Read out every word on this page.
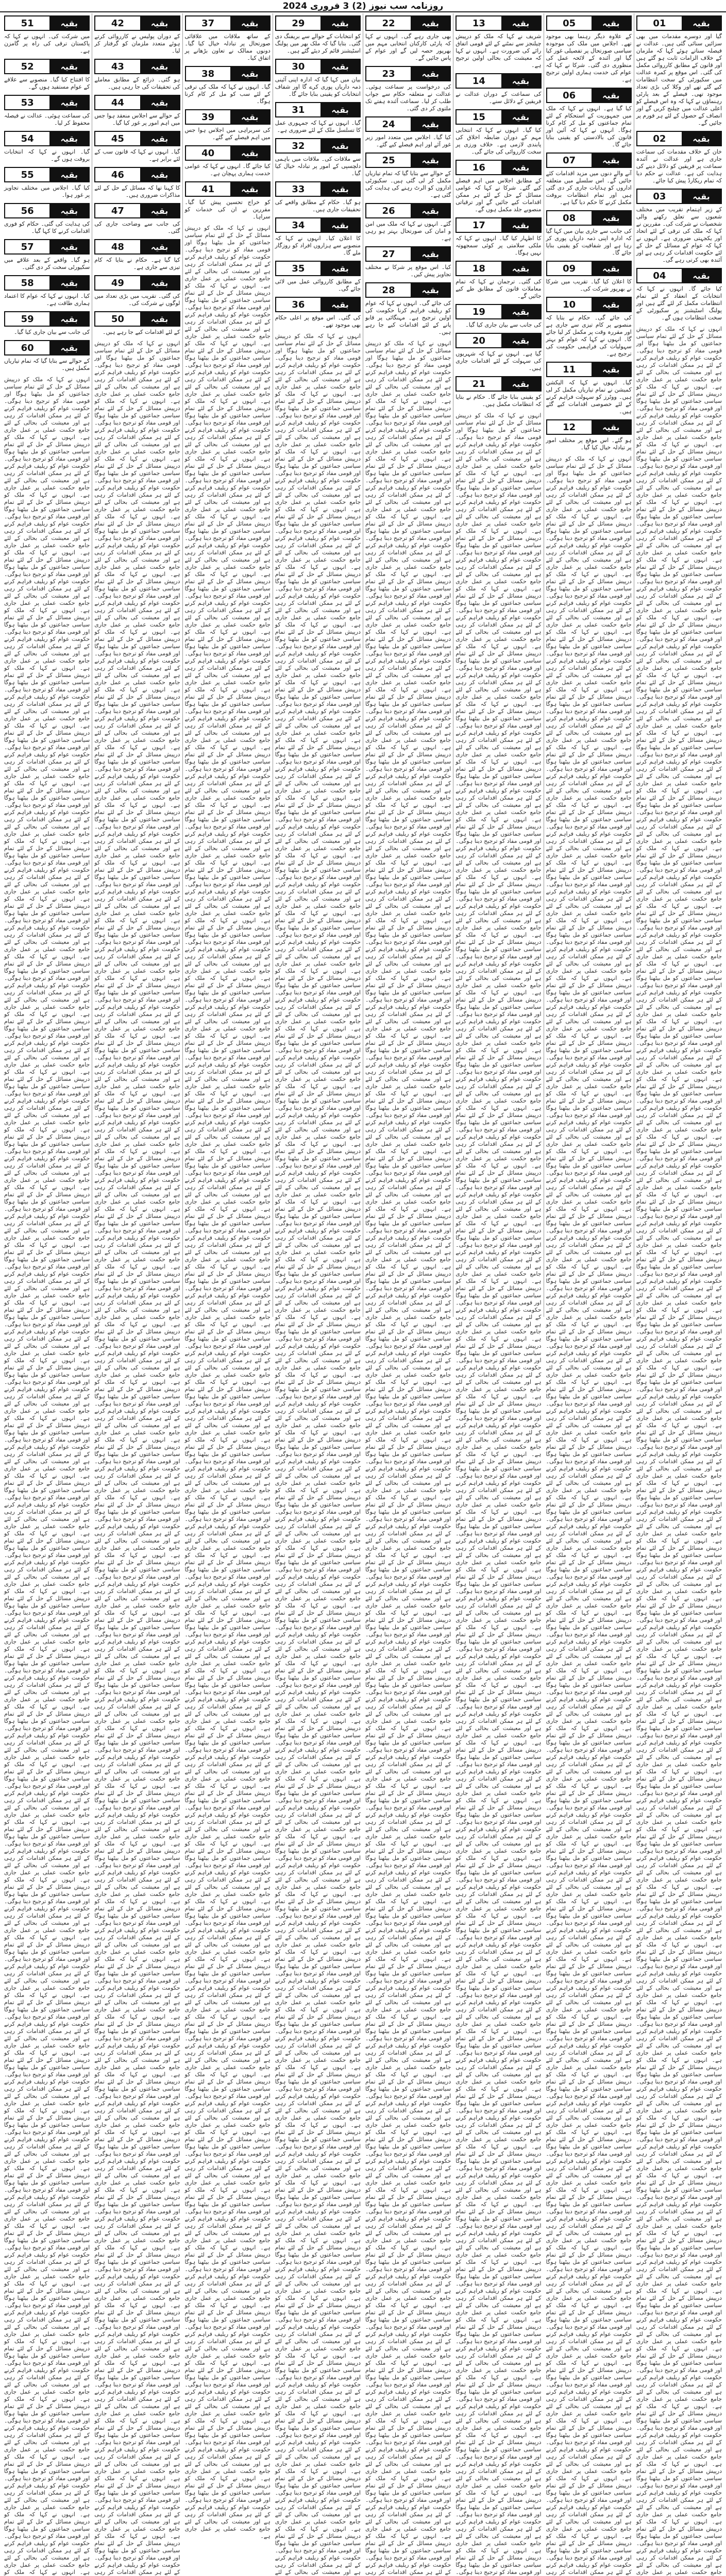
روزنامہ سب نیوز (2) 3 فروری 2024
01	بقیہ
گیا اور دوسرے مقدمات میں بھی سزائیں سنائی گئی ہیں۔ عدالت نے فیصلہ سناتے ہوئے کہا کہ ملزمان کے خلاف الزامات ثابت ہو گئے ہیں اور قانون کے مطابق کارروائی مکمل کی گئی۔ اس موقع پر کمرہ عدالت میں سکیورٹی کے سخت انتظامات کیے گئے تھے اور وکلا کی بڑی تعداد موجود تھی۔ فیصلے کے بعد پارٹی رہنماؤں نے کہا کہ وہ اس فیصلے کو اعلی عدالت میں چیلنج کریں گے اور انصاف کے حصول کے لئے ہر فورم پر جائیں گے۔
02	بقیہ
خان کے خلاف مقدمات کی سماعت جاری ہے اور عدالت نے آئندہ سماعت پر فریقین کو دلائل دینے کی ہدایت کی ہے۔ عدالت نے حکم دیا کہ تمام ریکارڈ پیش کیا جائے۔
03	بقیہ
کے زیر اہتمام تقریب میں مختلف شعبوں سے تعلق رکھنے والی شخصیات نے شرکت کی۔ مقررین نے کہا کہ ملک کی ترقی کے لئے اتحاد اور یکجہتی ضروری ہے۔ انہوں نے کہا کہ عوام کے مسائل کے حل کے لئے حکومت اقدامات کر رہی ہے اور آئندہ بھی کرتی رہے گی۔
04	بقیہ
کیا جائے گا۔ انہوں نے کہا کہ انتخابات کے انعقاد کے لئے تمام انتظامات مکمل کر لئے گئے ہیں اور پولنگ اسٹیشنز پر سکیورٹی کے سخت انتظامات ہوں گے۔
انہوں نے کہا کہ ملک کو درپیش مسائل کے حل کے لئے تمام سیاسی جماعتوں کو مل بیٹھنا ہوگا اور قومی مفاد کو ترجیح دینا ہوگی۔ حکومت عوام کو ریلیف فراہم کرنے کے لئے ہر ممکن اقدامات کر رہی ہے اور معیشت کی بحالی کے لئے جامع حکمت عملی پر عمل جاری ہے۔ انہوں نے کہا کہ ملک کو درپیش مسائل کے حل کے لئے تمام سیاسی جماعتوں کو مل بیٹھنا ہوگا اور قومی مفاد کو ترجیح دینا ہوگی۔ حکومت عوام کو ریلیف فراہم کرنے کے لئے ہر ممکن اقدامات کر رہی ہے اور معیشت کی بحالی کے لئے جامع حکمت عملی پر عمل جاری ہے۔ انہوں نے کہا کہ ملک کو درپیش مسائل کے حل کے لئے تمام سیاسی جماعتوں کو مل بیٹھنا ہوگا اور قومی مفاد کو ترجیح دینا ہوگی۔ حکومت عوام کو ریلیف فراہم کرنے کے لئے ہر ممکن اقدامات کر رہی ہے اور معیشت کی بحالی کے لئے جامع حکمت عملی پر عمل جاری ہے۔ انہوں نے کہا کہ ملک کو درپیش مسائل کے حل کے لئے تمام سیاسی جماعتوں کو مل بیٹھنا ہوگا اور قومی مفاد کو ترجیح دینا ہوگی۔ حکومت عوام کو ریلیف فراہم کرنے کے لئے ہر ممکن اقدامات کر رہی ہے اور معیشت کی بحالی کے لئے جامع حکمت عملی پر عمل جاری ہے۔ انہوں نے کہا کہ ملک کو درپیش مسائل کے حل کے لئے تمام سیاسی جماعتوں کو مل بیٹھنا ہوگا اور قومی مفاد کو ترجیح دینا ہوگی۔ حکومت عوام کو ریلیف فراہم کرنے کے لئے ہر ممکن اقدامات کر رہی ہے اور معیشت کی بحالی کے لئے جامع حکمت عملی پر عمل جاری ہے۔ انہوں نے کہا کہ ملک کو درپیش مسائل کے حل کے لئے تمام سیاسی جماعتوں کو مل بیٹھنا ہوگا اور قومی مفاد کو ترجیح دینا ہوگی۔ حکومت عوام کو ریلیف فراہم کرنے کے لئے ہر ممکن اقدامات کر رہی ہے اور معیشت کی بحالی کے لئے جامع حکمت عملی پر عمل جاری ہے۔ انہوں نے کہا کہ ملک کو درپیش مسائل کے حل کے لئے تمام سیاسی جماعتوں کو مل بیٹھنا ہوگا اور قومی مفاد کو ترجیح دینا ہوگی۔ حکومت عوام کو ریلیف فراہم کرنے کے لئے ہر ممکن اقدامات کر رہی ہے اور معیشت کی بحالی کے لئے جامع حکمت عملی پر عمل جاری ہے۔ انہوں نے کہا کہ ملک کو درپیش مسائل کے حل کے لئے تمام سیاسی جماعتوں کو مل بیٹھنا ہوگا اور قومی مفاد کو ترجیح دینا ہوگی۔ حکومت عوام کو ریلیف فراہم کرنے کے لئے ہر ممکن اقدامات کر رہی ہے اور معیشت کی بحالی کے لئے جامع حکمت عملی پر عمل جاری ہے۔ انہوں نے کہا کہ ملک کو درپیش مسائل کے حل کے لئے تمام سیاسی جماعتوں کو مل بیٹھنا ہوگا اور قومی مفاد کو ترجیح دینا ہوگی۔ حکومت عوام کو ریلیف فراہم کرنے کے لئے ہر ممکن اقدامات کر رہی ہے اور معیشت کی بحالی کے لئے جامع حکمت عملی پر عمل جاری ہے۔ انہوں نے کہا کہ ملک کو درپیش مسائل کے حل کے لئے تمام سیاسی جماعتوں کو مل بیٹھنا ہوگا اور قومی مفاد کو ترجیح دینا ہوگی۔ حکومت عوام کو ریلیف فراہم کرنے کے لئے ہر ممکن اقدامات کر رہی ہے اور معیشت کی بحالی کے لئے جامع حکمت عملی پر عمل جاری ہے۔ انہوں نے کہا کہ ملک کو درپیش مسائل کے حل کے لئے تمام سیاسی جماعتوں کو مل بیٹھنا ہوگا اور قومی مفاد کو ترجیح دینا ہوگی۔ حکومت عوام کو ریلیف فراہم کرنے کے لئے ہر ممکن اقدامات کر رہی ہے اور معیشت کی بحالی کے لئے جامع حکمت عملی پر عمل جاری ہے۔ انہوں نے کہا کہ ملک کو درپیش مسائل کے حل کے لئے تمام سیاسی جماعتوں کو مل بیٹھنا ہوگا اور قومی مفاد کو ترجیح دینا ہوگی۔ حکومت عوام کو ریلیف فراہم کرنے کے لئے ہر ممکن اقدامات کر رہی ہے اور معیشت کی بحالی کے لئے جامع حکمت عملی پر عمل جاری ہے۔ انہوں نے کہا کہ ملک کو درپیش مسائل کے حل کے لئے تمام سیاسی جماعتوں کو مل بیٹھنا ہوگا اور قومی مفاد کو ترجیح دینا ہوگی۔ حکومت عوام کو ریلیف فراہم کرنے کے لئے ہر ممکن اقدامات کر رہی ہے اور معیشت کی بحالی کے لئے جامع حکمت عملی پر عمل جاری ہے۔ انہوں نے کہا کہ ملک کو درپیش مسائل کے حل کے لئے تمام سیاسی جماعتوں کو مل بیٹھنا ہوگا اور قومی مفاد کو ترجیح دینا ہوگی۔ حکومت عوام کو ریلیف فراہم کرنے کے لئے ہر ممکن اقدامات کر رہی ہے اور معیشت کی بحالی کے لئے جامع حکمت عملی پر عمل جاری ہے۔ انہوں نے کہا کہ ملک کو درپیش مسائل کے حل کے لئے تمام سیاسی جماعتوں کو مل بیٹھنا ہوگا اور قومی مفاد کو ترجیح دینا ہوگی۔ حکومت عوام کو ریلیف فراہم کرنے کے لئے ہر ممکن اقدامات کر رہی ہے اور معیشت کی بحالی کے لئے جامع حکمت عملی پر عمل جاری ہے۔ انہوں نے کہا کہ ملک کو درپیش مسائل کے حل کے لئے تمام سیاسی جماعتوں کو مل بیٹھنا ہوگا اور قومی مفاد کو ترجیح دینا ہوگی۔ حکومت عوام کو ریلیف فراہم کرنے کے لئے ہر ممکن اقدامات کر رہی ہے اور معیشت کی بحالی کے لئے جامع حکمت عملی پر عمل جاری ہے۔ انہوں نے کہا کہ ملک کو درپیش مسائل کے حل کے لئے تمام سیاسی جماعتوں کو مل بیٹھنا ہوگا اور قومی مفاد کو ترجیح دینا ہوگی۔ حکومت عوام کو ریلیف فراہم کرنے کے لئے ہر ممکن اقدامات کر رہی ہے اور معیشت کی بحالی کے لئے جامع حکمت عملی پر عمل جاری ہے۔ انہوں نے کہا کہ ملک کو درپیش مسائل کے حل کے لئے تمام سیاسی جماعتوں کو مل بیٹھنا ہوگا اور قومی مفاد کو ترجیح دینا ہوگی۔ حکومت عوام کو ریلیف فراہم کرنے کے لئے ہر ممکن اقدامات کر رہی ہے اور معیشت کی بحالی کے لئے جامع حکمت عملی پر عمل جاری ہے۔ انہوں نے کہا کہ ملک کو درپیش مسائل کے حل کے لئے تمام سیاسی جماعتوں کو مل بیٹھنا ہوگا اور قومی مفاد کو ترجیح دینا ہوگی۔ حکومت عوام کو ریلیف فراہم کرنے کے لئے ہر ممکن اقدامات کر رہی ہے اور معیشت کی بحالی کے لئے جامع حکمت عملی پر عمل جاری ہے۔ انہوں نے کہا کہ ملک کو درپیش مسائل کے حل کے لئے تمام سیاسی جماعتوں کو مل بیٹھنا ہوگا اور قومی مفاد کو ترجیح دینا ہوگی۔ حکومت عوام کو ریلیف فراہم کرنے کے لئے ہر ممکن اقدامات کر رہی ہے اور معیشت کی بحالی کے لئے جامع حکمت عملی پر عمل جاری ہے۔ انہوں نے کہا کہ ملک کو درپیش مسائل کے حل کے لئے تمام سیاسی جماعتوں کو مل بیٹھنا ہوگا اور قومی مفاد کو ترجیح دینا ہوگی۔ حکومت عوام کو ریلیف فراہم کرنے کے لئے ہر ممکن اقدامات کر رہی ہے اور معیشت کی بحالی کے لئے جامع حکمت عملی پر عمل جاری ہے۔ انہوں نے کہا کہ ملک کو درپیش مسائل کے حل کے لئے تمام سیاسی جماعتوں کو مل بیٹھنا ہوگا اور قومی مفاد کو ترجیح دینا ہوگی۔ حکومت عوام کو ریلیف فراہم کرنے کے لئے ہر ممکن اقدامات کر رہی ہے اور معیشت کی بحالی کے لئے جامع حکمت عملی پر عمل جاری ہے۔ انہوں نے کہا کہ ملک کو درپیش مسائل کے حل کے لئے تمام سیاسی جماعتوں کو مل بیٹھنا ہوگا اور قومی مفاد کو ترجیح دینا ہوگی۔ حکومت عوام کو ریلیف فراہم کرنے کے لئے ہر ممکن اقدامات کر رہی ہے اور معیشت کی بحالی کے لئے جامع حکمت عملی پر عمل جاری ہے۔ انہوں نے کہا کہ ملک کو درپیش مسائل کے حل کے لئے تمام سیاسی جماعتوں کو مل بیٹھنا ہوگا اور قومی مفاد کو ترجیح دینا ہوگی۔ حکومت عوام کو ریلیف فراہم کرنے کے لئے ہر ممکن اقدامات کر رہی ہے اور معیشت کی بحالی کے لئے جامع حکمت عملی پر عمل جاری ہے۔ انہوں نے کہا کہ ملک کو درپیش مسائل کے حل کے لئے تمام سیاسی جماعتوں کو مل بیٹھنا ہوگا اور قومی مفاد کو ترجیح دینا ہوگی۔ حکومت عوام کو ریلیف فراہم کرنے کے لئے ہر ممکن اقدامات کر رہی ہے اور معیشت کی بحالی کے لئے جامع حکمت عملی پر عمل جاری ہے۔ انہوں نے کہا کہ ملک کو درپیش مسائل کے حل کے لئے تمام سیاسی جماعتوں کو مل بیٹھنا ہوگا اور قومی مفاد کو ترجیح دینا ہوگی۔ حکومت عوام کو ریلیف فراہم کرنے کے لئے ہر ممکن اقدامات کر رہی ہے اور معیشت کی بحالی کے لئے جامع حکمت عملی پر عمل جاری ہے۔ انہوں نے کہا کہ ملک کو درپیش مسائل کے حل کے لئے تمام سیاسی جماعتوں کو مل بیٹھنا ہوگا اور قومی مفاد کو ترجیح دینا ہوگی۔ حکومت عوام کو ریلیف فراہم کرنے کے لئے ہر ممکن اقدامات کر رہی ہے اور معیشت کی بحالی کے لئے جامع حکمت عملی پر عمل جاری ہے۔ انہوں نے کہا کہ ملک کو درپیش مسائل کے حل کے لئے تمام سیاسی جماعتوں کو مل بیٹھنا ہوگا اور قومی مفاد کو ترجیح دینا ہوگی۔ حکومت عوام کو ریلیف فراہم کرنے کے لئے ہر ممکن اقدامات کر رہی ہے اور معیشت کی بحالی کے لئے جامع حکمت عملی پر عمل جاری ہے۔ انہوں نے کہا کہ ملک کو درپیش مسائل کے حل کے لئے تمام سیاسی جماعتوں کو مل بیٹھنا ہوگا اور قومی مفاد کو ترجیح دینا ہوگی۔ حکومت عوام کو ریلیف فراہم کرنے کے لئے ہر ممکن اقدامات کر رہی ہے اور معیشت کی بحالی کے لئے جامع حکمت عملی پر عمل جاری ہے۔ انہوں نے کہا کہ ملک کو درپیش مسائل کے حل کے لئے تمام سیاسی جماعتوں کو مل بیٹھنا ہوگا اور قومی مفاد کو ترجیح دینا ہوگی۔ حکومت عوام کو ریلیف فراہم کرنے کے لئے ہر ممکن اقدامات کر رہی ہے اور معیشت کی بحالی کے لئے جامع حکمت عملی پر عمل جاری ہے۔ انہوں نے کہا کہ ملک کو درپیش مسائل کے حل کے لئے تمام سیاسی جماعتوں کو مل بیٹھنا ہوگا اور قومی مفاد کو ترجیح دینا ہوگی۔ حکومت عوام کو ریلیف فراہم کرنے کے لئے ہر ممکن اقدامات کر رہی ہے اور معیشت کی بحالی کے لئے جامع حکمت عملی پر عمل جاری ہے۔ انہوں نے کہا کہ ملک کو درپیش مسائل کے حل کے لئے تمام سیاسی جماعتوں کو مل بیٹھنا ہوگا اور قومی مفاد کو ترجیح دینا ہوگی۔ حکومت عوام کو ریلیف فراہم کرنے کے لئے ہر ممکن اقدامات کر رہی ہے اور معیشت کی بحالی کے لئے جامع حکمت عملی پر عمل جاری ہے۔ انہوں نے کہا کہ ملک کو درپیش مسائل کے حل کے لئے تمام سیاسی جماعتوں کو مل بیٹھنا ہوگا اور قومی مفاد کو ترجیح دینا ہوگی۔ حکومت عوام کو ریلیف فراہم کرنے کے لئے ہر ممکن اقدامات کر رہی ہے اور معیشت کی بحالی کے لئے جامع حکمت عملی پر عمل جاری ہے۔ انہوں نے کہا کہ ملک کو درپیش مسائل کے حل کے لئے تمام سیاسی جماعتوں کو مل بیٹھنا ہوگا اور قومی مفاد کو ترجیح دینا ہوگی۔ حکومت عوام کو ریلیف فراہم کرنے کے لئے ہر ممکن اقدامات کر رہی ہے اور معیشت کی بحالی کے لئے جامع حکمت عملی پر عمل جاری ہے۔ انہوں نے کہا کہ ملک کو درپیش مسائل کے حل کے لئے تمام سیاسی جماعتوں کو مل بیٹھنا ہوگا اور قومی مفاد کو ترجیح دینا ہوگی۔ حکومت عوام کو ریلیف فراہم کرنے کے لئے ہر ممکن اقدامات کر رہی ہے اور معیشت کی بحالی کے لئے جامع حکمت عملی پر عمل جاری ہے۔ انہوں نے کہا کہ ملک کو درپیش مسائل کے حل کے لئے تمام سیاسی جماعتوں کو مل بیٹھنا ہوگا اور قومی مفاد کو ترجیح دینا ہوگی۔ حکومت عوام کو ریلیف فراہم کرنے کے لئے ہر ممکن اقدامات کر رہی ہے اور معیشت کی بحالی کے لئے جامع حکمت عملی پر عمل جاری ہے۔ انہوں نے کہا کہ ملک کو درپیش مسائل کے حل کے لئے تمام سیاسی جماعتوں کو مل بیٹھنا ہوگا اور قومی مفاد کو ترجیح دینا ہوگی۔ حکومت عوام کو ریلیف فراہم کرنے کے لئے ہر ممکن اقدامات کر رہی ہے اور معیشت کی بحالی کے لئے جامع حکمت عملی پر عمل جاری ہے۔ انہوں نے کہا کہ ملک کو درپیش مسائل کے حل کے لئے تمام سیاسی جماعتوں کو مل بیٹھنا ہوگا اور قومی مفاد کو ترجیح دینا ہوگی۔ حکومت عوام کو ریلیف فراہم کرنے کے لئے ہر ممکن اقدامات کر رہی ہے اور معیشت کی بحالی کے لئے جامع حکمت عملی پر عمل جاری ہے۔ انہوں نے کہا کہ ملک کو درپیش مسائل کے حل کے لئے تمام سیاسی جماعتوں کو مل بیٹھنا ہوگا اور قومی مفاد کو ترجیح دینا ہوگی۔ حکومت عوام کو ریلیف فراہم کرنے کے لئے ہر ممکن اقدامات کر رہی ہے اور معیشت کی بحالی کے لئے جامع حکمت عملی پر عمل جاری
05	بقیہ
کے علاوہ دیگر رہنما بھی موجود تھے۔ اجلاس میں ملک کی موجودہ سیاسی صورتحال پر تفصیلی غور کیا گیا اور آئندہ کے لائحہ عمل کی منظوری دی گئی۔ شرکا نے کہا کہ عوام کی خدمت ہماری اولین ترجیح ہے۔
06	بقیہ
کیا گیا ہے۔ انہوں نے کہا کہ ملک میں جمہوریت کے استحکام کے لئے تمام جماعتوں کو مل کر کام کرنا ہوگا۔ انہوں نے کہا کہ آئین اور قانون کی بالادستی کو یقینی بنایا جائے گا۔
07	بقیہ
آنے والے دنوں میں مزید اقدامات کئے جائیں گے۔ اس سلسلے میں متعلقہ اداروں کو ہدایات جاری کر دی گئی ہیں اور تمام انتظامات بروقت مکمل کرنے کا حکم دیا گیا ہے۔
08	بقیہ
کی جانب سے جاری بیان میں کہا گیا کہ ادارہ اپنی ذمہ داریاں پوری کر رہا ہے اور شفافیت کو یقینی بنایا جائے گا۔
09	بقیہ
کا اعلان کیا گیا۔ تقریب میں شرکا نے بھرپور شرکت کی۔
10	بقیہ
کی جائے گی۔ حکام نے بتایا کہ منصوبے پر کام تیزی سے جاری ہے اور مقررہ وقت پر مکمل کر لیا جائے گا۔ انہوں نے کہا کہ عوام کو بہتر سہولیات کی فراہمی حکومت کی ترجیح ہے۔
11	بقیہ
گیا۔ انہوں نے کہا کہ الیکشن کمیشن نے تمام تیاریاں مکمل کر لی ہیں۔ ووٹرز کو سہولت فراہم کرنے کے لئے خصوصی اقدامات کیے گئے ہیں۔
12	بقیہ
ہو گئے۔ اس موقع پر مختلف امور پر تبادلہ خیال کیا گیا۔
انہوں نے کہا کہ ملک کو درپیش مسائل کے حل کے لئے تمام سیاسی جماعتوں کو مل بیٹھنا ہوگا اور قومی مفاد کو ترجیح دینا ہوگی۔ حکومت عوام کو ریلیف فراہم کرنے کے لئے ہر ممکن اقدامات کر رہی ہے اور معیشت کی بحالی کے لئے جامع حکمت عملی پر عمل جاری ہے۔ انہوں نے کہا کہ ملک کو درپیش مسائل کے حل کے لئے تمام سیاسی جماعتوں کو مل بیٹھنا ہوگا اور قومی مفاد کو ترجیح دینا ہوگی۔ حکومت عوام کو ریلیف فراہم کرنے کے لئے ہر ممکن اقدامات کر رہی ہے اور معیشت کی بحالی کے لئے جامع حکمت عملی پر عمل جاری ہے۔ انہوں نے کہا کہ ملک کو درپیش مسائل کے حل کے لئے تمام سیاسی جماعتوں کو مل بیٹھنا ہوگا اور قومی مفاد کو ترجیح دینا ہوگی۔ حکومت عوام کو ریلیف فراہم کرنے کے لئے ہر ممکن اقدامات کر رہی ہے اور معیشت کی بحالی کے لئے جامع حکمت عملی پر عمل جاری ہے۔ انہوں نے کہا کہ ملک کو درپیش مسائل کے حل کے لئے تمام سیاسی جماعتوں کو مل بیٹھنا ہوگا اور قومی مفاد کو ترجیح دینا ہوگی۔ حکومت عوام کو ریلیف فراہم کرنے کے لئے ہر ممکن اقدامات کر رہی ہے اور معیشت کی بحالی کے لئے جامع حکمت عملی پر عمل جاری ہے۔ انہوں نے کہا کہ ملک کو درپیش مسائل کے حل کے لئے تمام سیاسی جماعتوں کو مل بیٹھنا ہوگا اور قومی مفاد کو ترجیح دینا ہوگی۔ حکومت عوام کو ریلیف فراہم کرنے کے لئے ہر ممکن اقدامات کر رہی ہے اور معیشت کی بحالی کے لئے جامع حکمت عملی پر عمل جاری ہے۔ انہوں نے کہا کہ ملک کو درپیش مسائل کے حل کے لئے تمام سیاسی جماعتوں کو مل بیٹھنا ہوگا اور قومی مفاد کو ترجیح دینا ہوگی۔ حکومت عوام کو ریلیف فراہم کرنے کے لئے ہر ممکن اقدامات کر رہی ہے اور معیشت کی بحالی کے لئے جامع حکمت عملی پر عمل جاری ہے۔ انہوں نے کہا کہ ملک کو درپیش مسائل کے حل کے لئے تمام سیاسی جماعتوں کو مل بیٹھنا ہوگا اور قومی مفاد کو ترجیح دینا ہوگی۔ حکومت عوام کو ریلیف فراہم کرنے کے لئے ہر ممکن اقدامات کر رہی ہے اور معیشت کی بحالی کے لئے جامع حکمت عملی پر عمل جاری ہے۔ انہوں نے کہا کہ ملک کو درپیش مسائل کے حل کے لئے تمام سیاسی جماعتوں کو مل بیٹھنا ہوگا اور قومی مفاد کو ترجیح دینا ہوگی۔ حکومت عوام کو ریلیف فراہم کرنے کے لئے ہر ممکن اقدامات کر رہی ہے اور معیشت کی بحالی کے لئے جامع حکمت عملی پر عمل جاری ہے۔ انہوں نے کہا کہ ملک کو درپیش مسائل کے حل کے لئے تمام سیاسی جماعتوں کو مل بیٹھنا ہوگا اور قومی مفاد کو ترجیح دینا ہوگی۔ حکومت عوام کو ریلیف فراہم کرنے کے لئے ہر ممکن اقدامات کر رہی ہے اور معیشت کی بحالی کے لئے جامع حکمت عملی پر عمل جاری ہے۔ انہوں نے کہا کہ ملک کو درپیش مسائل کے حل کے لئے تمام سیاسی جماعتوں کو مل بیٹھنا ہوگا اور قومی مفاد کو ترجیح دینا ہوگی۔ حکومت عوام کو ریلیف فراہم کرنے کے لئے ہر ممکن اقدامات کر رہی ہے اور معیشت کی بحالی کے لئے جامع حکمت عملی پر عمل جاری ہے۔ انہوں نے کہا کہ ملک کو درپیش مسائل کے حل کے لئے تمام سیاسی جماعتوں کو مل بیٹھنا ہوگا اور قومی مفاد کو ترجیح دینا ہوگی۔ حکومت عوام کو ریلیف فراہم کرنے کے لئے ہر ممکن اقدامات کر رہی ہے اور معیشت کی بحالی کے لئے جامع حکمت عملی پر عمل جاری ہے۔ انہوں نے کہا کہ ملک کو درپیش مسائل کے حل کے لئے تمام سیاسی جماعتوں کو مل بیٹھنا ہوگا اور قومی مفاد کو ترجیح دینا ہوگی۔ حکومت عوام کو ریلیف فراہم کرنے کے لئے ہر ممکن اقدامات کر رہی ہے اور معیشت کی بحالی کے لئے جامع حکمت عملی پر عمل جاری ہے۔ انہوں نے کہا کہ ملک کو درپیش مسائل کے حل کے لئے تمام سیاسی جماعتوں کو مل بیٹھنا ہوگا اور قومی مفاد کو ترجیح دینا ہوگی۔ حکومت عوام کو ریلیف فراہم کرنے کے لئے ہر ممکن اقدامات کر رہی ہے اور معیشت کی بحالی کے لئے جامع حکمت عملی پر عمل جاری ہے۔ انہوں نے کہا کہ ملک کو درپیش مسائل کے حل کے لئے تمام سیاسی جماعتوں کو مل بیٹھنا ہوگا اور قومی مفاد کو ترجیح دینا ہوگی۔ حکومت عوام کو ریلیف فراہم کرنے کے لئے ہر ممکن اقدامات کر رہی ہے اور معیشت کی بحالی کے لئے جامع حکمت عملی پر عمل جاری ہے۔ انہوں نے کہا کہ ملک کو درپیش مسائل کے حل کے لئے تمام سیاسی جماعتوں کو مل بیٹھنا ہوگا اور قومی مفاد کو ترجیح دینا ہوگی۔ حکومت عوام کو ریلیف فراہم کرنے کے لئے ہر ممکن اقدامات کر رہی ہے اور معیشت کی بحالی کے لئے جامع حکمت عملی پر عمل جاری ہے۔ انہوں نے کہا کہ ملک کو درپیش مسائل کے حل کے لئے تمام سیاسی جماعتوں کو مل بیٹھنا ہوگا اور قومی مفاد کو ترجیح دینا ہوگی۔ حکومت عوام کو ریلیف فراہم کرنے کے لئے ہر ممکن اقدامات کر رہی ہے اور معیشت کی بحالی کے لئے جامع حکمت عملی پر عمل جاری ہے۔ انہوں نے کہا کہ ملک کو درپیش مسائل کے حل کے لئے تمام سیاسی جماعتوں کو مل بیٹھنا ہوگا اور قومی مفاد کو ترجیح دینا ہوگی۔ حکومت عوام کو ریلیف فراہم کرنے کے لئے ہر ممکن اقدامات کر رہی ہے اور معیشت کی بحالی کے لئے جامع حکمت عملی پر عمل جاری ہے۔ انہوں نے کہا کہ ملک کو درپیش مسائل کے حل کے لئے تمام سیاسی جماعتوں کو مل بیٹھنا ہوگا اور قومی مفاد کو ترجیح دینا ہوگی۔ حکومت عوام کو ریلیف فراہم کرنے کے لئے ہر ممکن اقدامات کر رہی ہے اور معیشت کی بحالی کے لئے جامع حکمت عملی پر عمل جاری ہے۔ انہوں نے کہا کہ ملک کو درپیش مسائل کے حل کے لئے تمام سیاسی جماعتوں کو مل بیٹھنا ہوگا اور قومی مفاد کو ترجیح دینا ہوگی۔ حکومت عوام کو ریلیف فراہم کرنے کے لئے ہر ممکن اقدامات کر رہی ہے اور معیشت کی بحالی کے لئے جامع حکمت عملی پر عمل جاری ہے۔ انہوں نے کہا کہ ملک کو درپیش مسائل کے حل کے لئے تمام سیاسی جماعتوں کو مل بیٹھنا ہوگا اور قومی مفاد کو ترجیح دینا ہوگی۔ حکومت عوام کو ریلیف فراہم کرنے کے لئے ہر ممکن اقدامات کر رہی ہے اور معیشت کی بحالی کے لئے جامع حکمت عملی پر عمل جاری ہے۔ انہوں نے کہا کہ ملک کو درپیش مسائل کے حل کے لئے تمام سیاسی جماعتوں کو مل بیٹھنا ہوگا اور قومی مفاد کو ترجیح دینا ہوگی۔ حکومت عوام کو ریلیف فراہم کرنے کے لئے ہر ممکن اقدامات کر رہی ہے اور معیشت کی بحالی کے لئے جامع حکمت عملی پر عمل جاری ہے۔ انہوں نے کہا کہ ملک کو درپیش مسائل کے حل کے لئے تمام سیاسی جماعتوں کو مل بیٹھنا ہوگا اور قومی مفاد کو ترجیح دینا ہوگی۔ حکومت عوام کو ریلیف فراہم کرنے کے لئے ہر ممکن اقدامات کر رہی ہے اور معیشت کی بحالی کے لئے جامع حکمت عملی پر عمل جاری ہے۔ انہوں نے کہا کہ ملک کو درپیش مسائل کے حل کے لئے تمام سیاسی جماعتوں کو مل بیٹھنا ہوگا اور قومی مفاد کو ترجیح دینا ہوگی۔ حکومت عوام کو ریلیف فراہم کرنے کے لئے ہر ممکن اقدامات کر رہی ہے اور معیشت کی بحالی کے لئے جامع حکمت عملی پر عمل جاری ہے۔ انہوں نے کہا کہ ملک کو درپیش مسائل کے حل کے لئے تمام سیاسی جماعتوں کو مل بیٹھنا ہوگا اور قومی مفاد کو ترجیح دینا ہوگی۔ حکومت عوام کو ریلیف فراہم کرنے کے لئے ہر ممکن اقدامات کر رہی ہے اور معیشت کی بحالی کے لئے جامع حکمت عملی پر عمل جاری ہے۔ انہوں نے کہا کہ ملک کو درپیش مسائل کے حل کے لئے تمام سیاسی جماعتوں کو مل بیٹھنا ہوگا اور قومی مفاد کو ترجیح دینا ہوگی۔ حکومت عوام کو ریلیف فراہم کرنے کے لئے ہر ممکن اقدامات کر رہی ہے اور معیشت کی بحالی کے لئے جامع حکمت عملی پر عمل جاری ہے۔ انہوں نے کہا کہ ملک کو درپیش مسائل کے حل کے لئے تمام سیاسی جماعتوں کو مل بیٹھنا ہوگا اور قومی مفاد کو ترجیح دینا ہوگی۔ حکومت عوام کو ریلیف فراہم کرنے کے لئے ہر ممکن اقدامات کر رہی ہے اور معیشت کی بحالی کے لئے جامع حکمت عملی پر عمل جاری ہے۔ انہوں نے کہا کہ ملک کو درپیش مسائل کے حل کے لئے تمام سیاسی جماعتوں کو مل بیٹھنا ہوگا اور قومی مفاد کو ترجیح دینا ہوگی۔ حکومت عوام کو ریلیف فراہم کرنے کے لئے ہر ممکن اقدامات کر رہی ہے اور معیشت کی بحالی کے لئے جامع حکمت عملی پر عمل جاری ہے۔ انہوں نے کہا کہ ملک کو درپیش مسائل کے حل کے لئے تمام سیاسی جماعتوں کو مل بیٹھنا ہوگا اور قومی مفاد کو ترجیح دینا ہوگی۔ حکومت عوام کو ریلیف فراہم کرنے کے لئے ہر ممکن اقدامات کر رہی ہے اور معیشت کی بحالی کے لئے جامع حکمت عملی پر عمل جاری ہے۔ انہوں نے کہا کہ ملک کو درپیش مسائل کے حل کے لئے تمام سیاسی جماعتوں کو مل بیٹھنا ہوگا اور قومی مفاد کو ترجیح دینا ہوگی۔ حکومت عوام کو ریلیف فراہم کرنے کے لئے ہر ممکن اقدامات کر رہی ہے اور معیشت کی بحالی کے لئے جامع حکمت عملی پر عمل جاری ہے۔ انہوں نے کہا کہ ملک کو درپیش مسائل کے حل کے لئے تمام سیاسی جماعتوں کو مل بیٹھنا ہوگا اور قومی مفاد کو ترجیح دینا ہوگی۔ حکومت عوام کو ریلیف فراہم کرنے کے لئے ہر ممکن اقدامات کر رہی ہے اور معیشت کی بحالی کے لئے جامع حکمت عملی پر عمل جاری ہے۔ انہوں نے کہا کہ ملک کو درپیش مسائل کے حل کے لئے تمام سیاسی جماعتوں کو مل بیٹھنا ہوگا اور قومی مفاد کو ترجیح دینا ہوگی۔ حکومت عوام کو ریلیف فراہم کرنے کے لئے ہر ممکن اقدامات کر رہی ہے اور معیشت کی بحالی کے لئے جامع حکمت عملی پر عمل جاری ہے۔ انہوں نے کہا کہ ملک کو درپیش مسائل کے حل کے لئے تمام سیاسی جماعتوں کو مل بیٹھنا ہوگا اور قومی مفاد کو ترجیح دینا ہوگی۔ حکومت عوام کو ریلیف فراہم کرنے کے لئے ہر ممکن اقدامات کر رہی ہے اور معیشت کی بحالی کے لئے جامع حکمت عملی پر عمل جاری ہے۔ انہوں نے کہا کہ ملک کو درپیش مسائل کے حل کے لئے تمام سیاسی جماعتوں کو مل بیٹھنا ہوگا اور قومی مفاد کو ترجیح دینا ہوگی۔ حکومت عوام کو ریلیف فراہم کرنے کے لئے ہر ممکن اقدامات کر رہی ہے اور معیشت کی بحالی کے لئے جامع حکمت عملی پر عمل جاری ہے۔ انہوں نے کہا کہ ملک کو درپیش مسائل کے حل کے لئے تمام سیاسی جماعتوں کو مل بیٹھنا ہوگا اور قومی مفاد کو ترجیح دینا ہوگی۔ حکومت عوام کو ریلیف فراہم کرنے کے لئے ہر ممکن اقدامات کر رہی ہے اور معیشت کی بحالی کے لئے جامع حکمت عملی پر عمل جاری ہے۔ انہوں نے کہا کہ ملک کو درپیش مسائل کے حل کے لئے تمام سیاسی جماعتوں کو مل بیٹھنا ہوگا اور قومی مفاد کو ترجیح دینا ہوگی۔ حکومت عوام کو ریلیف فراہم کرنے کے لئے ہر ممکن اقدامات کر رہی ہے اور معیشت کی بحالی کے لئے جامع حکمت عملی پر عمل جاری ہے۔ انہوں نے کہا کہ ملک کو درپیش مسائل کے حل کے لئے تمام سیاسی جماعتوں کو مل بیٹھنا ہوگا اور قومی مفاد کو ترجیح دینا ہوگی۔ حکومت عوام کو ریلیف فراہم کرنے کے لئے ہر ممکن اقدامات کر رہی ہے اور معیشت کی بحالی کے لئے جامع حکمت عملی پر عمل جاری ہے۔ انہوں نے کہا کہ ملک کو درپیش مسائل کے حل کے لئے تمام سیاسی جماعتوں کو مل بیٹھنا ہوگا اور قومی مفاد کو ترجیح دینا ہوگی۔ حکومت عوام کو ریلیف فراہم کرنے کے لئے ہر ممکن اقدامات کر رہی
13	بقیہ
شریف نے کہا کہ ملک کو درپیش چیلنجز سے نمٹنے کے لئے قومی اتفاق رائے کی ضرورت ہے۔ انہوں نے کہا کہ معیشت کی بحالی اولین ترجیح ہے۔
14	بقیہ
کی سماعت کے دوران عدالت نے فریقین کے دلائل سنے۔
15	بقیہ
کیا گیا۔ انہوں نے کہا کہ انتخابی مہم کے دوران ضابطہ اخلاق کی پابندی لازمی ہے۔ خلاف ورزی پر سخت کارروائی کی جائے گی۔
16	بقیہ
کے مطابق اجلاس میں اہم فیصلے کیے گئے۔ شرکا نے کہا کہ عوامی مسائل کے حل کے لئے ہر ممکن اقدامات کیے جائیں گے اور ترقیاتی منصوبے جلد مکمل ہوں گے۔
17	بقیہ
کا اظہار کیا گیا۔ انہوں نے کہا کہ ملکی سلامتی پر کوئی سمجھوتہ نہیں ہوگا۔
18	بقیہ
کی گئی۔ ترجمان نے کہا کہ تمام معاملات قانون کے مطابق طے کیے جائیں گے۔
19	بقیہ
کی جانب سے بیان جاری کیا گیا۔
20	بقیہ
گیا ہے۔ انہوں نے کہا کہ شہریوں کی سہولت کے لئے اقدامات جاری ہیں۔
21	بقیہ
کو یقینی بنایا جائے گا۔ حکام نے بتایا کہ انتظامات مکمل ہیں۔
انہوں نے کہا کہ ملک کو درپیش مسائل کے حل کے لئے تمام سیاسی جماعتوں کو مل بیٹھنا ہوگا اور قومی مفاد کو ترجیح دینا ہوگی۔ حکومت عوام کو ریلیف فراہم کرنے کے لئے ہر ممکن اقدامات کر رہی ہے اور معیشت کی بحالی کے لئے جامع حکمت عملی پر عمل جاری ہے۔ انہوں نے کہا کہ ملک کو درپیش مسائل کے حل کے لئے تمام سیاسی جماعتوں کو مل بیٹھنا ہوگا اور قومی مفاد کو ترجیح دینا ہوگی۔ حکومت عوام کو ریلیف فراہم کرنے کے لئے ہر ممکن اقدامات کر رہی ہے اور معیشت کی بحالی کے لئے جامع حکمت عملی پر عمل جاری ہے۔ انہوں نے کہا کہ ملک کو درپیش مسائل کے حل کے لئے تمام سیاسی جماعتوں کو مل بیٹھنا ہوگا اور قومی مفاد کو ترجیح دینا ہوگی۔ حکومت عوام کو ریلیف فراہم کرنے کے لئے ہر ممکن اقدامات کر رہی ہے اور معیشت کی بحالی کے لئے جامع حکمت عملی پر عمل جاری ہے۔ انہوں نے کہا کہ ملک کو درپیش مسائل کے حل کے لئے تمام سیاسی جماعتوں کو مل بیٹھنا ہوگا اور قومی مفاد کو ترجیح دینا ہوگی۔ حکومت عوام کو ریلیف فراہم کرنے کے لئے ہر ممکن اقدامات کر رہی ہے اور معیشت کی بحالی کے لئے جامع حکمت عملی پر عمل جاری ہے۔ انہوں نے کہا کہ ملک کو درپیش مسائل کے حل کے لئے تمام سیاسی جماعتوں کو مل بیٹھنا ہوگا اور قومی مفاد کو ترجیح دینا ہوگی۔ حکومت عوام کو ریلیف فراہم کرنے کے لئے ہر ممکن اقدامات کر رہی ہے اور معیشت کی بحالی کے لئے جامع حکمت عملی پر عمل جاری ہے۔ انہوں نے کہا کہ ملک کو درپیش مسائل کے حل کے لئے تمام سیاسی جماعتوں کو مل بیٹھنا ہوگا اور قومی مفاد کو ترجیح دینا ہوگی۔ حکومت عوام کو ریلیف فراہم کرنے کے لئے ہر ممکن اقدامات کر رہی ہے اور معیشت کی بحالی کے لئے جامع حکمت عملی پر عمل جاری ہے۔ انہوں نے کہا کہ ملک کو درپیش مسائل کے حل کے لئے تمام سیاسی جماعتوں کو مل بیٹھنا ہوگا اور قومی مفاد کو ترجیح دینا ہوگی۔ حکومت عوام کو ریلیف فراہم کرنے کے لئے ہر ممکن اقدامات کر رہی ہے اور معیشت کی بحالی کے لئے جامع حکمت عملی پر عمل جاری ہے۔ انہوں نے کہا کہ ملک کو درپیش مسائل کے حل کے لئے تمام سیاسی جماعتوں کو مل بیٹھنا ہوگا اور قومی مفاد کو ترجیح دینا ہوگی۔ حکومت عوام کو ریلیف فراہم کرنے کے لئے ہر ممکن اقدامات کر رہی ہے اور معیشت کی بحالی کے لئے جامع حکمت عملی پر عمل جاری ہے۔ انہوں نے کہا کہ ملک کو درپیش مسائل کے حل کے لئے تمام سیاسی جماعتوں کو مل بیٹھنا ہوگا اور قومی مفاد کو ترجیح دینا ہوگی۔ حکومت عوام کو ریلیف فراہم کرنے کے لئے ہر ممکن اقدامات کر رہی ہے اور معیشت کی بحالی کے لئے جامع حکمت عملی پر عمل جاری ہے۔ انہوں نے کہا کہ ملک کو درپیش مسائل کے حل کے لئے تمام سیاسی جماعتوں کو مل بیٹھنا ہوگا اور قومی مفاد کو ترجیح دینا ہوگی۔ حکومت عوام کو ریلیف فراہم کرنے کے لئے ہر ممکن اقدامات کر رہی ہے اور معیشت کی بحالی کے لئے جامع حکمت عملی پر عمل جاری ہے۔ انہوں نے کہا کہ ملک کو درپیش مسائل کے حل کے لئے تمام سیاسی جماعتوں کو مل بیٹھنا ہوگا اور قومی مفاد کو ترجیح دینا ہوگی۔ حکومت عوام کو ریلیف فراہم کرنے کے لئے ہر ممکن اقدامات کر رہی ہے اور معیشت کی بحالی کے لئے جامع حکمت عملی پر عمل جاری ہے۔ انہوں نے کہا کہ ملک کو درپیش مسائل کے حل کے لئے تمام سیاسی جماعتوں کو مل بیٹھنا ہوگا اور قومی مفاد کو ترجیح دینا ہوگی۔ حکومت عوام کو ریلیف فراہم کرنے کے لئے ہر ممکن اقدامات کر رہی ہے اور معیشت کی بحالی کے لئے جامع حکمت عملی پر عمل جاری ہے۔ انہوں نے کہا کہ ملک کو درپیش مسائل کے حل کے لئے تمام سیاسی جماعتوں کو مل بیٹھنا ہوگا اور قومی مفاد کو ترجیح دینا ہوگی۔ حکومت عوام کو ریلیف فراہم کرنے کے لئے ہر ممکن اقدامات کر رہی ہے اور معیشت کی بحالی کے لئے جامع حکمت عملی پر عمل جاری ہے۔ انہوں نے کہا کہ ملک کو درپیش مسائل کے حل کے لئے تمام سیاسی جماعتوں کو مل بیٹھنا ہوگا اور قومی مفاد کو ترجیح دینا ہوگی۔ حکومت عوام کو ریلیف فراہم کرنے کے لئے ہر ممکن اقدامات کر رہی ہے اور معیشت کی بحالی کے لئے جامع حکمت عملی پر عمل جاری ہے۔ انہوں نے کہا کہ ملک کو درپیش مسائل کے حل کے لئے تمام سیاسی جماعتوں کو مل بیٹھنا ہوگا اور قومی مفاد کو ترجیح دینا ہوگی۔ حکومت عوام کو ریلیف فراہم کرنے کے لئے ہر ممکن اقدامات کر رہی ہے اور معیشت کی بحالی کے لئے جامع حکمت عملی پر عمل جاری ہے۔ انہوں نے کہا کہ ملک کو درپیش مسائل کے حل کے لئے تمام سیاسی جماعتوں کو مل بیٹھنا ہوگا اور قومی مفاد کو ترجیح دینا ہوگی۔ حکومت عوام کو ریلیف فراہم کرنے کے لئے ہر ممکن اقدامات کر رہی ہے اور معیشت کی بحالی کے لئے جامع حکمت عملی پر عمل جاری ہے۔ انہوں نے کہا کہ ملک کو درپیش مسائل کے حل کے لئے تمام سیاسی جماعتوں کو مل بیٹھنا ہوگا اور قومی مفاد کو ترجیح دینا ہوگی۔ حکومت عوام کو ریلیف فراہم کرنے کے لئے ہر ممکن اقدامات کر رہی ہے اور معیشت کی بحالی کے لئے جامع حکمت عملی پر عمل جاری ہے۔ انہوں نے کہا کہ ملک کو درپیش مسائل کے حل کے لئے تمام سیاسی جماعتوں کو مل بیٹھنا ہوگا اور قومی مفاد کو ترجیح دینا ہوگی۔ حکومت عوام کو ریلیف فراہم کرنے کے لئے ہر ممکن اقدامات کر رہی ہے اور معیشت کی بحالی کے لئے جامع حکمت عملی پر عمل جاری ہے۔ انہوں نے کہا کہ ملک کو درپیش مسائل کے حل کے لئے تمام سیاسی جماعتوں کو مل بیٹھنا ہوگا اور قومی مفاد کو ترجیح دینا ہوگی۔ حکومت عوام کو ریلیف فراہم کرنے کے لئے ہر ممکن اقدامات کر رہی ہے اور معیشت کی بحالی کے لئے جامع حکمت عملی پر عمل جاری ہے۔ انہوں نے کہا کہ ملک کو درپیش مسائل کے حل کے لئے تمام سیاسی جماعتوں کو مل بیٹھنا ہوگا اور قومی مفاد کو ترجیح دینا ہوگی۔ حکومت عوام کو ریلیف فراہم کرنے کے لئے ہر ممکن اقدامات کر رہی ہے اور معیشت کی بحالی کے لئے جامع حکمت عملی پر عمل جاری ہے۔ انہوں نے کہا کہ ملک کو درپیش مسائل کے حل کے لئے تمام سیاسی جماعتوں کو مل بیٹھنا ہوگا اور قومی مفاد کو ترجیح دینا ہوگی۔ حکومت عوام کو ریلیف فراہم کرنے کے لئے ہر ممکن اقدامات کر رہی ہے اور معیشت کی بحالی کے لئے جامع حکمت عملی پر عمل جاری ہے۔ انہوں نے کہا کہ ملک کو درپیش مسائل کے حل کے لئے تمام سیاسی جماعتوں کو مل بیٹھنا ہوگا اور قومی مفاد کو ترجیح دینا ہوگی۔ حکومت عوام کو ریلیف فراہم کرنے کے لئے ہر ممکن اقدامات کر رہی ہے اور معیشت کی بحالی کے لئے جامع حکمت عملی پر عمل جاری ہے۔ انہوں نے کہا کہ ملک کو درپیش مسائل کے حل کے لئے تمام سیاسی جماعتوں کو مل بیٹھنا ہوگا اور قومی مفاد کو ترجیح دینا ہوگی۔ حکومت عوام کو ریلیف فراہم کرنے کے لئے ہر ممکن اقدامات کر رہی ہے اور معیشت کی بحالی کے لئے جامع حکمت عملی پر عمل جاری ہے۔ انہوں نے کہا کہ ملک کو درپیش مسائل کے حل کے لئے تمام سیاسی جماعتوں کو مل بیٹھنا ہوگا اور قومی مفاد کو ترجیح دینا ہوگی۔ حکومت عوام کو ریلیف فراہم کرنے کے لئے ہر ممکن اقدامات کر رہی ہے اور معیشت کی بحالی کے لئے جامع حکمت عملی پر عمل جاری ہے۔ انہوں نے کہا کہ ملک کو درپیش مسائل کے حل کے لئے تمام سیاسی جماعتوں کو مل بیٹھنا ہوگا اور قومی مفاد کو ترجیح دینا ہوگی۔ حکومت عوام کو ریلیف فراہم کرنے کے لئے ہر ممکن اقدامات کر رہی ہے اور معیشت کی بحالی کے لئے جامع حکمت عملی پر عمل جاری ہے۔ انہوں نے کہا کہ ملک کو درپیش مسائل کے حل کے لئے تمام سیاسی جماعتوں کو مل بیٹھنا ہوگا اور قومی مفاد کو ترجیح دینا ہوگی۔ حکومت عوام کو ریلیف فراہم کرنے کے لئے ہر ممکن اقدامات کر رہی ہے اور معیشت کی بحالی کے لئے جامع حکمت عملی پر عمل جاری ہے۔ انہوں نے کہا کہ ملک کو درپیش مسائل کے حل کے لئے تمام سیاسی جماعتوں کو مل بیٹھنا ہوگا اور قومی مفاد کو ترجیح دینا ہوگی۔ حکومت عوام کو ریلیف فراہم کرنے کے لئے ہر ممکن اقدامات کر رہی ہے اور معیشت کی بحالی کے لئے جامع حکمت عملی پر عمل جاری ہے۔ انہوں نے کہا کہ ملک کو درپیش مسائل کے حل کے لئے تمام سیاسی جماعتوں کو مل بیٹھنا ہوگا اور قومی مفاد کو ترجیح دینا ہوگی۔ حکومت عوام کو ریلیف فراہم کرنے کے لئے ہر ممکن اقدامات کر رہی ہے اور معیشت کی بحالی کے لئے جامع حکمت عملی پر عمل جاری ہے۔ انہوں نے کہا کہ ملک کو درپیش مسائل کے حل کے لئے تمام سیاسی جماعتوں کو مل بیٹھنا ہوگا اور قومی مفاد کو ترجیح دینا ہوگی۔ حکومت عوام کو ریلیف فراہم کرنے کے لئے ہر ممکن اقدامات کر رہی ہے اور معیشت کی بحالی کے لئے جامع حکمت عملی پر عمل جاری ہے۔ انہوں نے کہا کہ ملک کو درپیش مسائل کے حل کے لئے تمام سیاسی جماعتوں کو مل بیٹھنا ہوگا اور قومی مفاد کو ترجیح دینا ہوگی۔ حکومت عوام کو ریلیف فراہم کرنے کے لئے ہر ممکن اقدامات کر رہی ہے اور معیشت کی بحالی کے لئے جامع حکمت عملی پر عمل جاری ہے۔ انہوں نے کہا کہ ملک کو درپیش مسائل کے حل کے لئے تمام سیاسی جماعتوں کو مل بیٹھنا ہوگا اور قومی مفاد کو ترجیح دینا ہوگی۔ حکومت عوام کو ریلیف فراہم کرنے کے لئے ہر ممکن اقدامات کر رہی ہے اور معیشت کی بحالی کے لئے جامع حکمت عملی پر عمل جاری ہے۔ انہوں نے کہا کہ ملک کو درپیش مسائل کے حل کے لئے تمام سیاسی جماعتوں کو مل بیٹھنا ہوگا اور قومی مفاد کو ترجیح دینا ہوگی۔ حکومت عوام کو ریلیف فراہم کرنے کے لئے ہر ممکن اقدامات کر رہی ہے اور معیشت کی بحالی کے لئے جامع حکمت عملی پر عمل جاری ہے۔ انہوں نے کہا کہ ملک کو درپیش مسائل کے حل کے لئے تمام سیاسی جماعتوں کو مل بیٹھنا ہوگا اور قومی مفاد کو ترجیح دینا ہوگی۔ حکومت عوام کو ریلیف فراہم کرنے کے لئے ہر ممکن اقدامات کر رہی ہے اور معیشت کی بحالی کے لئے جامع حکمت عملی پر عمل جاری ہے۔ انہوں نے کہا کہ ملک کو درپیش مسائل کے حل کے لئے تمام سیاسی جماعتوں کو مل بیٹھنا ہوگا اور قومی مفاد کو ترجیح دینا ہوگی۔ حکومت عوام کو ریلیف فراہم کرنے کے لئے ہر ممکن اقدامات کر رہی ہے اور معیشت کی بحالی کے لئے جامع حکمت عملی پر عمل جاری ہے۔ انہوں نے کہا کہ ملک کو درپیش مسائل کے حل کے لئے تمام سیاسی جماعتوں کو مل بیٹھنا ہوگا اور قومی مفاد کو ترجیح دینا ہوگی۔ حکومت عوام کو ریلیف فراہم کرنے کے لئے ہر ممکن اقدامات کر رہی ہے اور معیشت کی بحالی کے لئے جامع حکمت عملی پر عمل جاری ہے۔ انہوں نے کہا کہ ملک کو درپیش مسائل کے حل کے لئے تمام سیاسی جماعتوں کو مل بیٹھنا ہوگا اور قومی مفاد کو ترجیح دینا ہوگی۔ حکومت عوام کو ریلیف فراہم کرنے کے لئے ہر ممکن اقدامات کر رہی ہے اور معیشت کی بحالی کے لئے جامع حکمت عملی پر عمل جاری ہے۔ انہوں نے کہا کہ ملک کو درپیش مسائل کے حل کے لئے تمام سیاسی جماعتوں کو مل بیٹھنا ہوگا اور قومی مفاد کو ترجیح دینا ہوگی۔ حکومت عوام کو ریلیف فراہم کرنے کے لئے ہر ممکن اقدامات کر رہی ہے اور معیشت کی بحالی کے لئے جامع حکمت عملی پر عمل جاری ہے۔ انہوں نے کہا کہ ملک کو درپیش مسائل کے حل کے لئے تمام سیاسی جماعتوں کو مل بیٹھنا ہوگا اور قومی مفاد کو ترجیح دینا ہوگی۔
22	بقیہ
بھی جاری رہے گی۔ انہوں نے کہا کہ پارٹی کارکنان انتخابی مہم میں بھرپور حصہ لیں گے اور عوام کے پاس جائیں گے۔
23	بقیہ
کی درخواست پر سماعت ہوئی۔ عدالت نے متعلقہ حکام سے جواب طلب کر لیا۔ سماعت آئندہ ہفتے تک ملتوی کر دی گئی۔
24	بقیہ
کیا گیا۔ اجلاس میں متعدد امور زیر غور آئے اور اہم فیصلے کیے گئے۔
25	بقیہ
کے حوالے سے بتایا گیا کہ تمام تیاریاں مکمل کر لی گئی ہیں۔ سکیورٹی اداروں کو الرٹ رہنے کی ہدایت کی گئی ہے۔
26	بقیہ
گئے۔ انہوں نے کہا کہ ملک میں امن و امان کی صورتحال بہتر ہو رہی ہے۔
27	بقیہ
کیا۔ اس موقع پر شرکا نے مختلف تجاویز پیش کیں۔
28	بقیہ
کی جائے گی۔ انہوں نے کہا کہ عوام کو ریلیف فراہم کرنا حکومت کی اولین ترجیح ہے۔ مہنگائی پر قابو پانے کے لئے اقدامات کیے جا رہے ہیں۔
انہوں نے کہا کہ ملک کو درپیش مسائل کے حل کے لئے تمام سیاسی جماعتوں کو مل بیٹھنا ہوگا اور قومی مفاد کو ترجیح دینا ہوگی۔ حکومت عوام کو ریلیف فراہم کرنے کے لئے ہر ممکن اقدامات کر رہی ہے اور معیشت کی بحالی کے لئے جامع حکمت عملی پر عمل جاری ہے۔ انہوں نے کہا کہ ملک کو درپیش مسائل کے حل کے لئے تمام سیاسی جماعتوں کو مل بیٹھنا ہوگا اور قومی مفاد کو ترجیح دینا ہوگی۔ حکومت عوام کو ریلیف فراہم کرنے کے لئے ہر ممکن اقدامات کر رہی ہے اور معیشت کی بحالی کے لئے جامع حکمت عملی پر عمل جاری ہے۔ انہوں نے کہا کہ ملک کو درپیش مسائل کے حل کے لئے تمام سیاسی جماعتوں کو مل بیٹھنا ہوگا اور قومی مفاد کو ترجیح دینا ہوگی۔ حکومت عوام کو ریلیف فراہم کرنے کے لئے ہر ممکن اقدامات کر رہی ہے اور معیشت کی بحالی کے لئے جامع حکمت عملی پر عمل جاری ہے۔ انہوں نے کہا کہ ملک کو درپیش مسائل کے حل کے لئے تمام سیاسی جماعتوں کو مل بیٹھنا ہوگا اور قومی مفاد کو ترجیح دینا ہوگی۔ حکومت عوام کو ریلیف فراہم کرنے کے لئے ہر ممکن اقدامات کر رہی ہے اور معیشت کی بحالی کے لئے جامع حکمت عملی پر عمل جاری ہے۔ انہوں نے کہا کہ ملک کو درپیش مسائل کے حل کے لئے تمام سیاسی جماعتوں کو مل بیٹھنا ہوگا اور قومی مفاد کو ترجیح دینا ہوگی۔ حکومت عوام کو ریلیف فراہم کرنے کے لئے ہر ممکن اقدامات کر رہی ہے اور معیشت کی بحالی کے لئے جامع حکمت عملی پر عمل جاری ہے۔ انہوں نے کہا کہ ملک کو درپیش مسائل کے حل کے لئے تمام سیاسی جماعتوں کو مل بیٹھنا ہوگا اور قومی مفاد کو ترجیح دینا ہوگی۔ حکومت عوام کو ریلیف فراہم کرنے کے لئے ہر ممکن اقدامات کر رہی ہے اور معیشت کی بحالی کے لئے جامع حکمت عملی پر عمل جاری ہے۔ انہوں نے کہا کہ ملک کو درپیش مسائل کے حل کے لئے تمام سیاسی جماعتوں کو مل بیٹھنا ہوگا اور قومی مفاد کو ترجیح دینا ہوگی۔ حکومت عوام کو ریلیف فراہم کرنے کے لئے ہر ممکن اقدامات کر رہی ہے اور معیشت کی بحالی کے لئے جامع حکمت عملی پر عمل جاری ہے۔ انہوں نے کہا کہ ملک کو درپیش مسائل کے حل کے لئے تمام سیاسی جماعتوں کو مل بیٹھنا ہوگا اور قومی مفاد کو ترجیح دینا ہوگی۔ حکومت عوام کو ریلیف فراہم کرنے کے لئے ہر ممکن اقدامات کر رہی ہے اور معیشت کی بحالی کے لئے جامع حکمت عملی پر عمل جاری ہے۔ انہوں نے کہا کہ ملک کو درپیش مسائل کے حل کے لئے تمام سیاسی جماعتوں کو مل بیٹھنا ہوگا اور قومی مفاد کو ترجیح دینا ہوگی۔ حکومت عوام کو ریلیف فراہم کرنے کے لئے ہر ممکن اقدامات کر رہی ہے اور معیشت کی بحالی کے لئے جامع حکمت عملی پر عمل جاری ہے۔ انہوں نے کہا کہ ملک کو درپیش مسائل کے حل کے لئے تمام سیاسی جماعتوں کو مل بیٹھنا ہوگا اور قومی مفاد کو ترجیح دینا ہوگی۔ حکومت عوام کو ریلیف فراہم کرنے کے لئے ہر ممکن اقدامات کر رہی ہے اور معیشت کی بحالی کے لئے جامع حکمت عملی پر عمل جاری ہے۔ انہوں نے کہا کہ ملک کو درپیش مسائل کے حل کے لئے تمام سیاسی جماعتوں کو مل بیٹھنا ہوگا اور قومی مفاد کو ترجیح دینا ہوگی۔ حکومت عوام کو ریلیف فراہم کرنے کے لئے ہر ممکن اقدامات کر رہی ہے اور معیشت کی بحالی کے لئے جامع حکمت عملی پر عمل جاری ہے۔ انہوں نے کہا کہ ملک کو درپیش مسائل کے حل کے لئے تمام سیاسی جماعتوں کو مل بیٹھنا ہوگا اور قومی مفاد کو ترجیح دینا ہوگی۔ حکومت عوام کو ریلیف فراہم کرنے کے لئے ہر ممکن اقدامات کر رہی ہے اور معیشت کی بحالی کے لئے جامع حکمت عملی پر عمل جاری ہے۔ انہوں نے کہا کہ ملک کو درپیش مسائل کے حل کے لئے تمام سیاسی جماعتوں کو مل بیٹھنا ہوگا اور قومی مفاد کو ترجیح دینا ہوگی۔ حکومت عوام کو ریلیف فراہم کرنے کے لئے ہر ممکن اقدامات کر رہی ہے اور معیشت کی بحالی کے لئے جامع حکمت عملی پر عمل جاری ہے۔ انہوں نے کہا کہ ملک کو درپیش مسائل کے حل کے لئے تمام سیاسی جماعتوں کو مل بیٹھنا ہوگا اور قومی مفاد کو ترجیح دینا ہوگی۔ حکومت عوام کو ریلیف فراہم کرنے کے لئے ہر ممکن اقدامات کر رہی ہے اور معیشت کی بحالی کے لئے جامع حکمت عملی پر عمل جاری ہے۔ انہوں نے کہا کہ ملک کو درپیش مسائل کے حل کے لئے تمام سیاسی جماعتوں کو مل بیٹھنا ہوگا اور قومی مفاد کو ترجیح دینا ہوگی۔ حکومت عوام کو ریلیف فراہم کرنے کے لئے ہر ممکن اقدامات کر رہی ہے اور معیشت کی بحالی کے لئے جامع حکمت عملی پر عمل جاری ہے۔ انہوں نے کہا کہ ملک کو درپیش مسائل کے حل کے لئے تمام سیاسی جماعتوں کو مل بیٹھنا ہوگا اور قومی مفاد کو ترجیح دینا ہوگی۔ حکومت عوام کو ریلیف فراہم کرنے کے لئے ہر ممکن اقدامات کر رہی ہے اور معیشت کی بحالی کے لئے جامع حکمت عملی پر عمل جاری ہے۔ انہوں نے کہا کہ ملک کو درپیش مسائل کے حل کے لئے تمام سیاسی جماعتوں کو مل بیٹھنا ہوگا اور قومی مفاد کو ترجیح دینا ہوگی۔ حکومت عوام کو ریلیف فراہم کرنے کے لئے ہر ممکن اقدامات کر رہی ہے اور معیشت کی بحالی کے لئے جامع حکمت عملی پر عمل جاری ہے۔ انہوں نے کہا کہ ملک کو درپیش مسائل کے حل کے لئے تمام سیاسی جماعتوں کو مل بیٹھنا ہوگا اور قومی مفاد کو ترجیح دینا ہوگی۔ حکومت عوام کو ریلیف فراہم کرنے کے لئے ہر ممکن اقدامات کر رہی ہے اور معیشت کی بحالی کے لئے جامع حکمت عملی پر عمل جاری ہے۔ انہوں نے کہا کہ ملک کو درپیش مسائل کے حل کے لئے تمام سیاسی جماعتوں کو مل بیٹھنا ہوگا اور قومی مفاد کو ترجیح دینا ہوگی۔ حکومت عوام کو ریلیف فراہم کرنے کے لئے ہر ممکن اقدامات کر رہی ہے اور معیشت کی بحالی کے لئے جامع حکمت عملی پر عمل جاری ہے۔ انہوں نے کہا کہ ملک کو درپیش مسائل کے حل کے لئے تمام سیاسی جماعتوں کو مل بیٹھنا ہوگا اور قومی مفاد کو ترجیح دینا ہوگی۔ حکومت عوام کو ریلیف فراہم کرنے کے لئے ہر ممکن اقدامات کر رہی ہے اور معیشت کی بحالی کے لئے جامع حکمت عملی پر عمل جاری ہے۔ انہوں نے کہا کہ ملک کو درپیش مسائل کے حل کے لئے تمام سیاسی جماعتوں کو مل بیٹھنا ہوگا اور قومی مفاد کو ترجیح دینا ہوگی۔ حکومت عوام کو ریلیف فراہم کرنے کے لئے ہر ممکن اقدامات کر رہی ہے اور معیشت کی بحالی کے لئے جامع حکمت عملی پر عمل جاری ہے۔ انہوں نے کہا کہ ملک کو درپیش مسائل کے حل کے لئے تمام سیاسی جماعتوں کو مل بیٹھنا ہوگا اور قومی مفاد کو ترجیح دینا ہوگی۔ حکومت عوام کو ریلیف فراہم کرنے کے لئے ہر ممکن اقدامات کر رہی ہے اور معیشت کی بحالی کے لئے جامع حکمت عملی پر عمل جاری ہے۔ انہوں نے کہا کہ ملک کو درپیش مسائل کے حل کے لئے تمام سیاسی جماعتوں کو مل بیٹھنا ہوگا اور قومی مفاد کو ترجیح دینا ہوگی۔ حکومت عوام کو ریلیف فراہم کرنے کے لئے ہر ممکن اقدامات کر رہی ہے اور معیشت کی بحالی کے لئے جامع حکمت عملی پر عمل جاری ہے۔ انہوں نے کہا کہ ملک کو درپیش مسائل کے حل کے لئے تمام سیاسی جماعتوں کو مل بیٹھنا ہوگا اور قومی مفاد کو ترجیح دینا ہوگی۔ حکومت عوام کو ریلیف فراہم کرنے کے لئے ہر ممکن اقدامات کر رہی ہے اور معیشت کی بحالی کے لئے جامع حکمت عملی پر عمل جاری ہے۔ انہوں نے کہا کہ ملک کو درپیش مسائل کے حل کے لئے تمام سیاسی جماعتوں کو مل بیٹھنا ہوگا اور قومی مفاد کو ترجیح دینا ہوگی۔ حکومت عوام کو ریلیف فراہم کرنے کے لئے ہر ممکن اقدامات کر رہی ہے اور معیشت کی بحالی کے لئے جامع حکمت عملی پر عمل جاری ہے۔ انہوں نے کہا کہ ملک کو درپیش مسائل کے حل کے لئے تمام سیاسی جماعتوں کو مل بیٹھنا ہوگا اور قومی مفاد کو ترجیح دینا ہوگی۔ حکومت عوام کو ریلیف فراہم کرنے کے لئے ہر ممکن اقدامات کر رہی ہے اور معیشت کی بحالی کے لئے جامع حکمت عملی پر عمل جاری ہے۔ انہوں نے کہا کہ ملک کو درپیش مسائل کے حل کے لئے تمام سیاسی جماعتوں کو مل بیٹھنا ہوگا اور قومی مفاد کو ترجیح دینا ہوگی۔ حکومت عوام کو ریلیف فراہم کرنے کے لئے ہر ممکن اقدامات کر رہی ہے اور معیشت کی بحالی کے لئے جامع حکمت عملی پر عمل جاری ہے۔ انہوں نے کہا کہ ملک کو درپیش مسائل کے حل کے لئے تمام سیاسی جماعتوں کو مل بیٹھنا ہوگا اور قومی مفاد کو ترجیح دینا ہوگی۔ حکومت عوام کو ریلیف فراہم کرنے کے لئے ہر ممکن اقدامات کر رہی ہے اور معیشت کی بحالی کے لئے جامع حکمت عملی پر عمل جاری ہے۔ انہوں نے کہا کہ ملک کو درپیش مسائل کے حل کے لئے تمام سیاسی جماعتوں کو مل بیٹھنا ہوگا اور قومی مفاد کو ترجیح دینا ہوگی۔ حکومت عوام کو ریلیف فراہم کرنے کے لئے ہر ممکن اقدامات کر رہی ہے اور معیشت کی بحالی کے لئے جامع حکمت عملی پر عمل جاری ہے۔ انہوں نے کہا کہ ملک کو درپیش مسائل کے حل کے لئے تمام سیاسی جماعتوں کو مل بیٹھنا ہوگا اور قومی مفاد کو ترجیح دینا ہوگی۔ حکومت عوام کو ریلیف فراہم کرنے کے لئے ہر ممکن اقدامات کر رہی ہے اور معیشت کی بحالی کے لئے جامع حکمت عملی پر عمل جاری ہے۔ انہوں نے کہا کہ ملک کو درپیش مسائل کے حل کے لئے تمام سیاسی جماعتوں کو مل بیٹھنا ہوگا اور قومی مفاد کو ترجیح دینا ہوگی۔ حکومت عوام کو ریلیف فراہم کرنے کے لئے ہر ممکن اقدامات کر رہی ہے اور معیشت کی بحالی کے لئے جامع حکمت عملی پر عمل جاری ہے۔ انہوں نے کہا کہ ملک کو درپیش مسائل کے حل کے لئے تمام سیاسی جماعتوں کو مل بیٹھنا ہوگا اور قومی مفاد کو ترجیح دینا ہوگی۔ حکومت عوام کو ریلیف فراہم کرنے کے لئے ہر ممکن اقدامات کر رہی ہے اور معیشت کی بحالی کے لئے جامع حکمت عملی پر عمل جاری ہے۔ انہوں نے کہا کہ ملک کو درپیش مسائل کے حل کے لئے تمام سیاسی جماعتوں کو مل بیٹھنا ہوگا اور قومی مفاد کو ترجیح دینا ہوگی۔ حکومت عوام کو ریلیف فراہم کرنے کے لئے ہر ممکن اقدامات کر رہی ہے اور معیشت کی بحالی کے لئے جامع حکمت عملی پر عمل جاری ہے۔ انہوں نے کہا کہ ملک کو درپیش مسائل کے حل کے لئے تمام سیاسی جماعتوں کو مل بیٹھنا ہوگا اور قومی مفاد کو ترجیح دینا ہوگی۔ حکومت عوام کو ریلیف فراہم کرنے کے لئے ہر ممکن اقدامات کر رہی ہے اور معیشت کی بحالی کے لئے جامع حکمت عملی پر عمل جاری ہے۔ انہوں نے کہا کہ ملک کو درپیش مسائل کے حل کے لئے تمام سیاسی جماعتوں کو مل بیٹھنا ہوگا اور قومی مفاد کو ترجیح دینا ہوگی۔ حکومت عوام کو ریلیف فراہم کرنے کے لئے ہر ممکن اقدامات کر رہی ہے اور معیشت کی بحالی کے لئے جامع حکمت عملی پر عمل جاری ہے۔ انہوں نے کہا کہ ملک کو درپیش مسائل کے حل کے لئے تمام سیاسی جماعتوں کو مل بیٹھنا ہوگا اور قومی مفاد کو ترجیح دینا ہوگی۔ حکومت عوام کو ریلیف فراہم کرنے کے لئے ہر ممکن اقدامات کر رہی ہے اور معیشت کی بحالی کے لئے جامع حکمت عملی پر عمل جاری ہے۔ انہوں نے کہا کہ ملک کو درپیش مسائل کے حل کے لئے تمام سیاسی جماعتوں کو مل بیٹھنا ہوگا اور قومی مفاد کو ترجیح دینا ہوگی۔ حکومت عوام کو ریلیف فراہم کرنے کے لئے ہر ممکن اقدامات کر رہی ہے اور معیشت کی بحالی کے لئے جامع حکمت عملی پر عمل جاری ہے۔ انہوں نے کہا کہ ملک کو درپیش مسائل کے حل کے لئے تمام سیاسی جماعتوں کو مل بیٹھنا ہوگا اور قومی مفاد کو ترجیح دینا ہوگی۔ حکومت عوام کو ریلیف فراہم کرنے کے لئے ہر ممکن اقدامات کر رہی ہے اور معیشت کی بحالی کے لئے جامع حکمت عملی پر عمل جاری ہے۔ انہوں نے کہا کہ ملک کو درپیش مسائل کے حل کے لئے تمام سیاسی جماعتوں کو مل بیٹھنا ہوگا اور قومی مفاد کو ترجیح دینا ہوگی۔ حکومت عوام کو ریلیف فراہم کرنے کے لئے ہر ممکن اقدامات کر رہی
29	بقیہ
کو انتخابات کے حوالے سے بریفنگ دی گئی۔ بتایا گیا کہ ملک بھر میں پولنگ اسٹیشنز قائم کر دیئے گئے ہیں۔
30	بقیہ
بیان میں کہا گیا کہ ادارہ اپنی آئینی ذمہ داریاں پوری کرے گا اور شفاف انتخابات کو یقینی بنایا جائے گا۔
31	بقیہ
گیا۔ انہوں نے کہا کہ جمہوری عمل کا تسلسل ملک کے لئے ضروری ہے۔
32	بقیہ
سے ملاقات کی۔ ملاقات میں باہمی دلچسپی کے امور پر تبادلہ خیال کیا گیا۔
33	بقیہ
ہو گیا۔ حکام کے مطابق واقعے کی تحقیقات جاری ہیں۔
34	بقیہ
کا اعلان کیا۔ انہوں نے کہا کہ منصوبے سے ہزاروں افراد کو روزگار ملے گا۔
35	بقیہ
کے مطابق کارروائی عمل میں لائی جائے گی۔
36	بقیہ
کی گئی۔ اس موقع پر اعلی حکام بھی موجود تھے۔
انہوں نے کہا کہ ملک کو درپیش مسائل کے حل کے لئے تمام سیاسی جماعتوں کو مل بیٹھنا ہوگا اور قومی مفاد کو ترجیح دینا ہوگی۔ حکومت عوام کو ریلیف فراہم کرنے کے لئے ہر ممکن اقدامات کر رہی ہے اور معیشت کی بحالی کے لئے جامع حکمت عملی پر عمل جاری ہے۔ انہوں نے کہا کہ ملک کو درپیش مسائل کے حل کے لئے تمام سیاسی جماعتوں کو مل بیٹھنا ہوگا اور قومی مفاد کو ترجیح دینا ہوگی۔ حکومت عوام کو ریلیف فراہم کرنے کے لئے ہر ممکن اقدامات کر رہی ہے اور معیشت کی بحالی کے لئے جامع حکمت عملی پر عمل جاری ہے۔ انہوں نے کہا کہ ملک کو درپیش مسائل کے حل کے لئے تمام سیاسی جماعتوں کو مل بیٹھنا ہوگا اور قومی مفاد کو ترجیح دینا ہوگی۔ حکومت عوام کو ریلیف فراہم کرنے کے لئے ہر ممکن اقدامات کر رہی ہے اور معیشت کی بحالی کے لئے جامع حکمت عملی پر عمل جاری ہے۔ انہوں نے کہا کہ ملک کو درپیش مسائل کے حل کے لئے تمام سیاسی جماعتوں کو مل بیٹھنا ہوگا اور قومی مفاد کو ترجیح دینا ہوگی۔ حکومت عوام کو ریلیف فراہم کرنے کے لئے ہر ممکن اقدامات کر رہی ہے اور معیشت کی بحالی کے لئے جامع حکمت عملی پر عمل جاری ہے۔ انہوں نے کہا کہ ملک کو درپیش مسائل کے حل کے لئے تمام سیاسی جماعتوں کو مل بیٹھنا ہوگا اور قومی مفاد کو ترجیح دینا ہوگی۔ حکومت عوام کو ریلیف فراہم کرنے کے لئے ہر ممکن اقدامات کر رہی ہے اور معیشت کی بحالی کے لئے جامع حکمت عملی پر عمل جاری ہے۔ انہوں نے کہا کہ ملک کو درپیش مسائل کے حل کے لئے تمام سیاسی جماعتوں کو مل بیٹھنا ہوگا اور قومی مفاد کو ترجیح دینا ہوگی۔ حکومت عوام کو ریلیف فراہم کرنے کے لئے ہر ممکن اقدامات کر رہی ہے اور معیشت کی بحالی کے لئے جامع حکمت عملی پر عمل جاری ہے۔ انہوں نے کہا کہ ملک کو درپیش مسائل کے حل کے لئے تمام سیاسی جماعتوں کو مل بیٹھنا ہوگا اور قومی مفاد کو ترجیح دینا ہوگی۔ حکومت عوام کو ریلیف فراہم کرنے کے لئے ہر ممکن اقدامات کر رہی ہے اور معیشت کی بحالی کے لئے جامع حکمت عملی پر عمل جاری ہے۔ انہوں نے کہا کہ ملک کو درپیش مسائل کے حل کے لئے تمام سیاسی جماعتوں کو مل بیٹھنا ہوگا اور قومی مفاد کو ترجیح دینا ہوگی۔ حکومت عوام کو ریلیف فراہم کرنے کے لئے ہر ممکن اقدامات کر رہی ہے اور معیشت کی بحالی کے لئے جامع حکمت عملی پر عمل جاری ہے۔ انہوں نے کہا کہ ملک کو درپیش مسائل کے حل کے لئے تمام سیاسی جماعتوں کو مل بیٹھنا ہوگا اور قومی مفاد کو ترجیح دینا ہوگی۔ حکومت عوام کو ریلیف فراہم کرنے کے لئے ہر ممکن اقدامات کر رہی ہے اور معیشت کی بحالی کے لئے جامع حکمت عملی پر عمل جاری ہے۔ انہوں نے کہا کہ ملک کو درپیش مسائل کے حل کے لئے تمام سیاسی جماعتوں کو مل بیٹھنا ہوگا اور قومی مفاد کو ترجیح دینا ہوگی۔ حکومت عوام کو ریلیف فراہم کرنے کے لئے ہر ممکن اقدامات کر رہی ہے اور معیشت کی بحالی کے لئے جامع حکمت عملی پر عمل جاری ہے۔ انہوں نے کہا کہ ملک کو درپیش مسائل کے حل کے لئے تمام سیاسی جماعتوں کو مل بیٹھنا ہوگا اور قومی مفاد کو ترجیح دینا ہوگی۔ حکومت عوام کو ریلیف فراہم کرنے کے لئے ہر ممکن اقدامات کر رہی ہے اور معیشت کی بحالی کے لئے جامع حکمت عملی پر عمل جاری ہے۔ انہوں نے کہا کہ ملک کو درپیش مسائل کے حل کے لئے تمام سیاسی جماعتوں کو مل بیٹھنا ہوگا اور قومی مفاد کو ترجیح دینا ہوگی۔ حکومت عوام کو ریلیف فراہم کرنے کے لئے ہر ممکن اقدامات کر رہی ہے اور معیشت کی بحالی کے لئے جامع حکمت عملی پر عمل جاری ہے۔ انہوں نے کہا کہ ملک کو درپیش مسائل کے حل کے لئے تمام سیاسی جماعتوں کو مل بیٹھنا ہوگا اور قومی مفاد کو ترجیح دینا ہوگی۔ حکومت عوام کو ریلیف فراہم کرنے کے لئے ہر ممکن اقدامات کر رہی ہے اور معیشت کی بحالی کے لئے جامع حکمت عملی پر عمل جاری ہے۔ انہوں نے کہا کہ ملک کو درپیش مسائل کے حل کے لئے تمام سیاسی جماعتوں کو مل بیٹھنا ہوگا اور قومی مفاد کو ترجیح دینا ہوگی۔ حکومت عوام کو ریلیف فراہم کرنے کے لئے ہر ممکن اقدامات کر رہی ہے اور معیشت کی بحالی کے لئے جامع حکمت عملی پر عمل جاری ہے۔ انہوں نے کہا کہ ملک کو درپیش مسائل کے حل کے لئے تمام سیاسی جماعتوں کو مل بیٹھنا ہوگا اور قومی مفاد کو ترجیح دینا ہوگی۔ حکومت عوام کو ریلیف فراہم کرنے کے لئے ہر ممکن اقدامات کر رہی ہے اور معیشت کی بحالی کے لئے جامع حکمت عملی پر عمل جاری ہے۔ انہوں نے کہا کہ ملک کو درپیش مسائل کے حل کے لئے تمام سیاسی جماعتوں کو مل بیٹھنا ہوگا اور قومی مفاد کو ترجیح دینا ہوگی۔ حکومت عوام کو ریلیف فراہم کرنے کے لئے ہر ممکن اقدامات کر رہی ہے اور معیشت کی بحالی کے لئے جامع حکمت عملی پر عمل جاری ہے۔ انہوں نے کہا کہ ملک کو درپیش مسائل کے حل کے لئے تمام سیاسی جماعتوں کو مل بیٹھنا ہوگا اور قومی مفاد کو ترجیح دینا ہوگی۔ حکومت عوام کو ریلیف فراہم کرنے کے لئے ہر ممکن اقدامات کر رہی ہے اور معیشت کی بحالی کے لئے جامع حکمت عملی پر عمل جاری ہے۔ انہوں نے کہا کہ ملک کو درپیش مسائل کے حل کے لئے تمام سیاسی جماعتوں کو مل بیٹھنا ہوگا اور قومی مفاد کو ترجیح دینا ہوگی۔ حکومت عوام کو ریلیف فراہم کرنے کے لئے ہر ممکن اقدامات کر رہی ہے اور معیشت کی بحالی کے لئے جامع حکمت عملی پر عمل جاری ہے۔ انہوں نے کہا کہ ملک کو درپیش مسائل کے حل کے لئے تمام سیاسی جماعتوں کو مل بیٹھنا ہوگا اور قومی مفاد کو ترجیح دینا ہوگی۔ حکومت عوام کو ریلیف فراہم کرنے کے لئے ہر ممکن اقدامات کر رہی ہے اور معیشت کی بحالی کے لئے جامع حکمت عملی پر عمل جاری ہے۔ انہوں نے کہا کہ ملک کو درپیش مسائل کے حل کے لئے تمام سیاسی جماعتوں کو مل بیٹھنا ہوگا اور قومی مفاد کو ترجیح دینا ہوگی۔ حکومت عوام کو ریلیف فراہم کرنے کے لئے ہر ممکن اقدامات کر رہی ہے اور معیشت کی بحالی کے لئے جامع حکمت عملی پر عمل جاری ہے۔ انہوں نے کہا کہ ملک کو درپیش مسائل کے حل کے لئے تمام سیاسی جماعتوں کو مل بیٹھنا ہوگا اور قومی مفاد کو ترجیح دینا ہوگی۔ حکومت عوام کو ریلیف فراہم کرنے کے لئے ہر ممکن اقدامات کر رہی ہے اور معیشت کی بحالی کے لئے جامع حکمت عملی پر عمل جاری ہے۔ انہوں نے کہا کہ ملک کو درپیش مسائل کے حل کے لئے تمام سیاسی جماعتوں کو مل بیٹھنا ہوگا اور قومی مفاد کو ترجیح دینا ہوگی۔ حکومت عوام کو ریلیف فراہم کرنے کے لئے ہر ممکن اقدامات کر رہی ہے اور معیشت کی بحالی کے لئے جامع حکمت عملی پر عمل جاری ہے۔ انہوں نے کہا کہ ملک کو درپیش مسائل کے حل کے لئے تمام سیاسی جماعتوں کو مل بیٹھنا ہوگا اور قومی مفاد کو ترجیح دینا ہوگی۔ حکومت عوام کو ریلیف فراہم کرنے کے لئے ہر ممکن اقدامات کر رہی ہے اور معیشت کی بحالی کے لئے جامع حکمت عملی پر عمل جاری ہے۔ انہوں نے کہا کہ ملک کو درپیش مسائل کے حل کے لئے تمام سیاسی جماعتوں کو مل بیٹھنا ہوگا اور قومی مفاد کو ترجیح دینا ہوگی۔ حکومت عوام کو ریلیف فراہم کرنے کے لئے ہر ممکن اقدامات کر رہی ہے اور معیشت کی بحالی کے لئے جامع حکمت عملی پر عمل جاری ہے۔ انہوں نے کہا کہ ملک کو درپیش مسائل کے حل کے لئے تمام سیاسی جماعتوں کو مل بیٹھنا ہوگا اور قومی مفاد کو ترجیح دینا ہوگی۔ حکومت عوام کو ریلیف فراہم کرنے کے لئے ہر ممکن اقدامات کر رہی ہے اور معیشت کی بحالی کے لئے جامع حکمت عملی پر عمل جاری ہے۔ انہوں نے کہا کہ ملک کو درپیش مسائل کے حل کے لئے تمام سیاسی جماعتوں کو مل بیٹھنا ہوگا اور قومی مفاد کو ترجیح دینا ہوگی۔ حکومت عوام کو ریلیف فراہم کرنے کے لئے ہر ممکن اقدامات کر رہی ہے اور معیشت کی بحالی کے لئے جامع حکمت عملی پر عمل جاری ہے۔ انہوں نے کہا کہ ملک کو درپیش مسائل کے حل کے لئے تمام سیاسی جماعتوں کو مل بیٹھنا ہوگا اور قومی مفاد کو ترجیح دینا ہوگی۔ حکومت عوام کو ریلیف فراہم کرنے کے لئے ہر ممکن اقدامات کر رہی ہے اور معیشت کی بحالی کے لئے جامع حکمت عملی پر عمل جاری ہے۔ انہوں نے کہا کہ ملک کو درپیش مسائل کے حل کے لئے تمام سیاسی جماعتوں کو مل بیٹھنا ہوگا اور قومی مفاد کو ترجیح دینا ہوگی۔ حکومت عوام کو ریلیف فراہم کرنے کے لئے ہر ممکن اقدامات کر رہی ہے اور معیشت کی بحالی کے لئے جامع حکمت عملی پر عمل جاری ہے۔ انہوں نے کہا کہ ملک کو درپیش مسائل کے حل کے لئے تمام سیاسی جماعتوں کو مل بیٹھنا ہوگا اور قومی مفاد کو ترجیح دینا ہوگی۔ حکومت عوام کو ریلیف فراہم کرنے کے لئے ہر ممکن اقدامات کر رہی ہے اور معیشت کی بحالی کے لئے جامع حکمت عملی پر عمل جاری ہے۔ انہوں نے کہا کہ ملک کو درپیش مسائل کے حل کے لئے تمام سیاسی جماعتوں کو مل بیٹھنا ہوگا اور قومی مفاد کو ترجیح دینا ہوگی۔ حکومت عوام کو ریلیف فراہم کرنے کے لئے ہر ممکن اقدامات کر رہی ہے اور معیشت کی بحالی کے لئے جامع حکمت عملی پر عمل جاری ہے۔ انہوں نے کہا کہ ملک کو درپیش مسائل کے حل کے لئے تمام سیاسی جماعتوں کو مل بیٹھنا ہوگا اور قومی مفاد کو ترجیح دینا ہوگی۔ حکومت عوام کو ریلیف فراہم کرنے کے لئے ہر ممکن اقدامات کر رہی ہے اور معیشت کی بحالی کے لئے جامع حکمت عملی پر عمل جاری ہے۔ انہوں نے کہا کہ ملک کو درپیش مسائل کے حل کے لئے تمام سیاسی جماعتوں کو مل بیٹھنا ہوگا اور قومی مفاد کو ترجیح دینا ہوگی۔ حکومت عوام کو ریلیف فراہم کرنے کے لئے ہر ممکن اقدامات کر رہی ہے اور معیشت کی بحالی کے لئے جامع حکمت عملی پر عمل جاری ہے۔ انہوں نے کہا کہ ملک کو درپیش مسائل کے حل کے لئے تمام سیاسی جماعتوں کو مل بیٹھنا ہوگا اور قومی مفاد کو ترجیح دینا ہوگی۔ حکومت عوام کو ریلیف فراہم کرنے کے لئے ہر ممکن اقدامات کر رہی ہے اور معیشت کی بحالی کے لئے جامع حکمت عملی پر عمل جاری ہے۔ انہوں نے کہا کہ ملک کو درپیش مسائل کے حل کے لئے تمام سیاسی جماعتوں کو مل بیٹھنا ہوگا اور قومی مفاد کو ترجیح دینا ہوگی۔ حکومت عوام کو ریلیف فراہم کرنے کے لئے ہر ممکن اقدامات کر رہی ہے اور معیشت کی بحالی کے لئے جامع حکمت عملی پر عمل جاری ہے۔ انہوں نے کہا کہ ملک کو درپیش مسائل کے حل کے لئے تمام سیاسی جماعتوں کو مل بیٹھنا ہوگا اور قومی مفاد کو ترجیح دینا ہوگی۔ حکومت عوام کو ریلیف فراہم کرنے کے لئے ہر ممکن اقدامات کر رہی ہے اور معیشت کی بحالی کے لئے جامع حکمت عملی پر عمل جاری ہے۔ انہوں نے کہا کہ ملک کو درپیش مسائل کے حل کے لئے تمام سیاسی جماعتوں کو مل بیٹھنا ہوگا اور قومی مفاد کو ترجیح دینا ہوگی۔ حکومت عوام کو ریلیف فراہم کرنے کے لئے ہر ممکن اقدامات کر رہی ہے اور معیشت کی بحالی کے لئے جامع حکمت عملی پر عمل جاری ہے۔ انہوں نے کہا کہ ملک کو درپیش مسائل کے حل کے لئے تمام سیاسی جماعتوں کو مل بیٹھنا ہوگا اور قومی مفاد کو ترجیح دینا ہوگی۔ حکومت عوام کو ریلیف فراہم کرنے کے لئے ہر ممکن اقدامات کر رہی ہے اور معیشت کی بحالی کے لئے جامع حکمت عملی پر عمل جاری ہے۔ انہوں نے کہا کہ ملک کو درپیش مسائل کے حل کے لئے تمام سیاسی جماعتوں کو مل بیٹھنا ہوگا اور قومی مفاد کو ترجیح دینا ہوگی۔ حکومت عوام کو ریلیف فراہم کرنے کے لئے ہر ممکن اقدامات کر رہی ہے اور معیشت کی بحالی کے لئے جامع حکمت عملی پر عمل جاری ہے۔ انہوں نے کہا کہ ملک کو درپیش مسائل کے حل کے لئے تمام سیاسی جماعتوں کو مل بیٹھنا ہوگا اور قومی مفاد کو ترجیح دینا ہوگی۔ حکومت عوام کو ریلیف فراہم کرنے کے لئے ہر ممکن اقدامات کر رہی ہے اور معیشت کی بحالی کے لئے
37	بقیہ
کے ساتھ ملاقات میں علاقائی صورتحال پر تبادلہ خیال کیا گیا۔ دونوں ممالک نے تعاون بڑھانے پر اتفاق کیا۔
38	بقیہ
گیا۔ انہوں نے کہا کہ ملک کی ترقی کے لئے سب کو مل کر کام کرنا ہوگا۔
39	بقیہ
کی سربراہی میں اجلاس ہوا جس میں اہم فیصلے کیے گئے۔
40	بقیہ
کیا جائے گا۔ انہوں نے کہا کہ عوامی خدمت ہماری پہچان ہے۔
41	بقیہ
کو خراج تحسین پیش کیا گیا۔ مقررین نے ان کی خدمات کو سراہا۔
انہوں نے کہا کہ ملک کو درپیش مسائل کے حل کے لئے تمام سیاسی جماعتوں کو مل بیٹھنا ہوگا اور قومی مفاد کو ترجیح دینا ہوگی۔ حکومت عوام کو ریلیف فراہم کرنے کے لئے ہر ممکن اقدامات کر رہی ہے اور معیشت کی بحالی کے لئے جامع حکمت عملی پر عمل جاری ہے۔ انہوں نے کہا کہ ملک کو درپیش مسائل کے حل کے لئے تمام سیاسی جماعتوں کو مل بیٹھنا ہوگا اور قومی مفاد کو ترجیح دینا ہوگی۔ حکومت عوام کو ریلیف فراہم کرنے کے لئے ہر ممکن اقدامات کر رہی ہے اور معیشت کی بحالی کے لئے جامع حکمت عملی پر عمل جاری ہے۔ انہوں نے کہا کہ ملک کو درپیش مسائل کے حل کے لئے تمام سیاسی جماعتوں کو مل بیٹھنا ہوگا اور قومی مفاد کو ترجیح دینا ہوگی۔ حکومت عوام کو ریلیف فراہم کرنے کے لئے ہر ممکن اقدامات کر رہی ہے اور معیشت کی بحالی کے لئے جامع حکمت عملی پر عمل جاری ہے۔ انہوں نے کہا کہ ملک کو درپیش مسائل کے حل کے لئے تمام سیاسی جماعتوں کو مل بیٹھنا ہوگا اور قومی مفاد کو ترجیح دینا ہوگی۔ حکومت عوام کو ریلیف فراہم کرنے کے لئے ہر ممکن اقدامات کر رہی ہے اور معیشت کی بحالی کے لئے جامع حکمت عملی پر عمل جاری ہے۔ انہوں نے کہا کہ ملک کو درپیش مسائل کے حل کے لئے تمام سیاسی جماعتوں کو مل بیٹھنا ہوگا اور قومی مفاد کو ترجیح دینا ہوگی۔ حکومت عوام کو ریلیف فراہم کرنے کے لئے ہر ممکن اقدامات کر رہی ہے اور معیشت کی بحالی کے لئے جامع حکمت عملی پر عمل جاری ہے۔ انہوں نے کہا کہ ملک کو درپیش مسائل کے حل کے لئے تمام سیاسی جماعتوں کو مل بیٹھنا ہوگا اور قومی مفاد کو ترجیح دینا ہوگی۔ حکومت عوام کو ریلیف فراہم کرنے کے لئے ہر ممکن اقدامات کر رہی ہے اور معیشت کی بحالی کے لئے جامع حکمت عملی پر عمل جاری ہے۔ انہوں نے کہا کہ ملک کو درپیش مسائل کے حل کے لئے تمام سیاسی جماعتوں کو مل بیٹھنا ہوگا اور قومی مفاد کو ترجیح دینا ہوگی۔ حکومت عوام کو ریلیف فراہم کرنے کے لئے ہر ممکن اقدامات کر رہی ہے اور معیشت کی بحالی کے لئے جامع حکمت عملی پر عمل جاری ہے۔ انہوں نے کہا کہ ملک کو درپیش مسائل کے حل کے لئے تمام سیاسی جماعتوں کو مل بیٹھنا ہوگا اور قومی مفاد کو ترجیح دینا ہوگی۔ حکومت عوام کو ریلیف فراہم کرنے کے لئے ہر ممکن اقدامات کر رہی ہے اور معیشت کی بحالی کے لئے جامع حکمت عملی پر عمل جاری ہے۔ انہوں نے کہا کہ ملک کو درپیش مسائل کے حل کے لئے تمام سیاسی جماعتوں کو مل بیٹھنا ہوگا اور قومی مفاد کو ترجیح دینا ہوگی۔ حکومت عوام کو ریلیف فراہم کرنے کے لئے ہر ممکن اقدامات کر رہی ہے اور معیشت کی بحالی کے لئے جامع حکمت عملی پر عمل جاری ہے۔ انہوں نے کہا کہ ملک کو درپیش مسائل کے حل کے لئے تمام سیاسی جماعتوں کو مل بیٹھنا ہوگا اور قومی مفاد کو ترجیح دینا ہوگی۔ حکومت عوام کو ریلیف فراہم کرنے کے لئے ہر ممکن اقدامات کر رہی ہے اور معیشت کی بحالی کے لئے جامع حکمت عملی پر عمل جاری ہے۔ انہوں نے کہا کہ ملک کو درپیش مسائل کے حل کے لئے تمام سیاسی جماعتوں کو مل بیٹھنا ہوگا اور قومی مفاد کو ترجیح دینا ہوگی۔ حکومت عوام کو ریلیف فراہم کرنے کے لئے ہر ممکن اقدامات کر رہی ہے اور معیشت کی بحالی کے لئے جامع حکمت عملی پر عمل جاری ہے۔ انہوں نے کہا کہ ملک کو درپیش مسائل کے حل کے لئے تمام سیاسی جماعتوں کو مل بیٹھنا ہوگا اور قومی مفاد کو ترجیح دینا ہوگی۔ حکومت عوام کو ریلیف فراہم کرنے کے لئے ہر ممکن اقدامات کر رہی ہے اور معیشت کی بحالی کے لئے جامع حکمت عملی پر عمل جاری ہے۔ انہوں نے کہا کہ ملک کو درپیش مسائل کے حل کے لئے تمام سیاسی جماعتوں کو مل بیٹھنا ہوگا اور قومی مفاد کو ترجیح دینا ہوگی۔ حکومت عوام کو ریلیف فراہم کرنے کے لئے ہر ممکن اقدامات کر رہی ہے اور معیشت کی بحالی کے لئے جامع حکمت عملی پر عمل جاری ہے۔ انہوں نے کہا کہ ملک کو درپیش مسائل کے حل کے لئے تمام سیاسی جماعتوں کو مل بیٹھنا ہوگا اور قومی مفاد کو ترجیح دینا ہوگی۔ حکومت عوام کو ریلیف فراہم کرنے کے لئے ہر ممکن اقدامات کر رہی ہے اور معیشت کی بحالی کے لئے جامع حکمت عملی پر عمل جاری ہے۔ انہوں نے کہا کہ ملک کو درپیش مسائل کے حل کے لئے تمام سیاسی جماعتوں کو مل بیٹھنا ہوگا اور قومی مفاد کو ترجیح دینا ہوگی۔ حکومت عوام کو ریلیف فراہم کرنے کے لئے ہر ممکن اقدامات کر رہی ہے اور معیشت کی بحالی کے لئے جامع حکمت عملی پر عمل جاری ہے۔ انہوں نے کہا کہ ملک کو درپیش مسائل کے حل کے لئے تمام سیاسی جماعتوں کو مل بیٹھنا ہوگا اور قومی مفاد کو ترجیح دینا ہوگی۔ حکومت عوام کو ریلیف فراہم کرنے کے لئے ہر ممکن اقدامات کر رہی ہے اور معیشت کی بحالی کے لئے جامع حکمت عملی پر عمل جاری ہے۔ انہوں نے کہا کہ ملک کو درپیش مسائل کے حل کے لئے تمام سیاسی جماعتوں کو مل بیٹھنا ہوگا اور قومی مفاد کو ترجیح دینا ہوگی۔ حکومت عوام کو ریلیف فراہم کرنے کے لئے ہر ممکن اقدامات کر رہی ہے اور معیشت کی بحالی کے لئے جامع حکمت عملی پر عمل جاری ہے۔ انہوں نے کہا کہ ملک کو درپیش مسائل کے حل کے لئے تمام سیاسی جماعتوں کو مل بیٹھنا ہوگا اور قومی مفاد کو ترجیح دینا ہوگی۔ حکومت عوام کو ریلیف فراہم کرنے کے لئے ہر ممکن اقدامات کر رہی ہے اور معیشت کی بحالی کے لئے جامع حکمت عملی پر عمل جاری ہے۔ انہوں نے کہا کہ ملک کو درپیش مسائل کے حل کے لئے تمام سیاسی جماعتوں کو مل بیٹھنا ہوگا اور قومی مفاد کو ترجیح دینا ہوگی۔ حکومت عوام کو ریلیف فراہم کرنے کے لئے ہر ممکن اقدامات کر رہی ہے اور معیشت کی بحالی کے لئے جامع حکمت عملی پر عمل جاری ہے۔ انہوں نے کہا کہ ملک کو درپیش مسائل کے حل کے لئے تمام سیاسی جماعتوں کو مل بیٹھنا ہوگا اور قومی مفاد کو ترجیح دینا ہوگی۔ حکومت عوام کو ریلیف فراہم کرنے کے لئے ہر ممکن اقدامات کر رہی ہے اور معیشت کی بحالی کے لئے جامع حکمت عملی پر عمل جاری ہے۔ انہوں نے کہا کہ ملک کو درپیش مسائل کے حل کے لئے تمام سیاسی جماعتوں کو مل بیٹھنا ہوگا اور قومی مفاد کو ترجیح دینا ہوگی۔ حکومت عوام کو ریلیف فراہم کرنے کے لئے ہر ممکن اقدامات کر رہی ہے اور معیشت کی بحالی کے لئے جامع حکمت عملی پر عمل جاری ہے۔ انہوں نے کہا کہ ملک کو درپیش مسائل کے حل کے لئے تمام سیاسی جماعتوں کو مل بیٹھنا ہوگا اور قومی مفاد کو ترجیح دینا ہوگی۔ حکومت عوام کو ریلیف فراہم کرنے کے لئے ہر ممکن اقدامات کر رہی ہے اور معیشت کی بحالی کے لئے جامع حکمت عملی پر عمل جاری ہے۔ انہوں نے کہا کہ ملک کو درپیش مسائل کے حل کے لئے تمام سیاسی جماعتوں کو مل بیٹھنا ہوگا اور قومی مفاد کو ترجیح دینا ہوگی۔ حکومت عوام کو ریلیف فراہم کرنے کے لئے ہر ممکن اقدامات کر رہی ہے اور معیشت کی بحالی کے لئے جامع حکمت عملی پر عمل جاری ہے۔ انہوں نے کہا کہ ملک کو درپیش مسائل کے حل کے لئے تمام سیاسی جماعتوں کو مل بیٹھنا ہوگا اور قومی مفاد کو ترجیح دینا ہوگی۔ حکومت عوام کو ریلیف فراہم کرنے کے لئے ہر ممکن اقدامات کر رہی ہے اور معیشت کی بحالی کے لئے جامع حکمت عملی پر عمل جاری ہے۔ انہوں نے کہا کہ ملک کو درپیش مسائل کے حل کے لئے تمام سیاسی جماعتوں کو مل بیٹھنا ہوگا اور قومی مفاد کو ترجیح دینا ہوگی۔ حکومت عوام کو ریلیف فراہم کرنے کے لئے ہر ممکن اقدامات کر رہی ہے اور معیشت کی بحالی کے لئے جامع حکمت عملی پر عمل جاری ہے۔ انہوں نے کہا کہ ملک کو درپیش مسائل کے حل کے لئے تمام سیاسی جماعتوں کو مل بیٹھنا ہوگا اور قومی مفاد کو ترجیح دینا ہوگی۔ حکومت عوام کو ریلیف فراہم کرنے کے لئے ہر ممکن اقدامات کر رہی ہے اور معیشت کی بحالی کے لئے جامع حکمت عملی پر عمل جاری ہے۔ انہوں نے کہا کہ ملک کو درپیش مسائل کے حل کے لئے تمام سیاسی جماعتوں کو مل بیٹھنا ہوگا اور قومی مفاد کو ترجیح دینا ہوگی۔ حکومت عوام کو ریلیف فراہم کرنے کے لئے ہر ممکن اقدامات کر رہی ہے اور معیشت کی بحالی کے لئے جامع حکمت عملی پر عمل جاری ہے۔ انہوں نے کہا کہ ملک کو درپیش مسائل کے حل کے لئے تمام سیاسی جماعتوں کو مل بیٹھنا ہوگا اور قومی مفاد کو ترجیح دینا ہوگی۔ حکومت عوام کو ریلیف فراہم کرنے کے لئے ہر ممکن اقدامات کر رہی ہے اور معیشت کی بحالی کے لئے جامع حکمت عملی پر عمل جاری ہے۔ انہوں نے کہا کہ ملک کو درپیش مسائل کے حل کے لئے تمام سیاسی جماعتوں کو مل بیٹھنا ہوگا اور قومی مفاد کو ترجیح دینا ہوگی۔ حکومت عوام کو ریلیف فراہم کرنے کے لئے ہر ممکن اقدامات کر رہی ہے اور معیشت کی بحالی کے لئے جامع حکمت عملی پر عمل جاری ہے۔ انہوں نے کہا کہ ملک کو درپیش مسائل کے حل کے لئے تمام سیاسی جماعتوں کو مل بیٹھنا ہوگا اور قومی مفاد کو ترجیح دینا ہوگی۔ حکومت عوام کو ریلیف فراہم کرنے کے لئے ہر ممکن اقدامات کر رہی ہے اور معیشت کی بحالی کے لئے جامع حکمت عملی پر عمل جاری ہے۔ انہوں نے کہا کہ ملک کو درپیش مسائل کے حل کے لئے تمام سیاسی جماعتوں کو مل بیٹھنا ہوگا اور قومی مفاد کو ترجیح دینا ہوگی۔ حکومت عوام کو ریلیف فراہم کرنے کے لئے ہر ممکن اقدامات کر رہی ہے اور معیشت کی بحالی کے لئے جامع حکمت عملی پر عمل جاری ہے۔ انہوں نے کہا کہ ملک کو درپیش مسائل کے حل کے لئے تمام سیاسی جماعتوں کو مل بیٹھنا ہوگا اور قومی مفاد کو ترجیح دینا ہوگی۔ حکومت عوام کو ریلیف فراہم کرنے کے لئے ہر ممکن اقدامات کر رہی ہے اور معیشت کی بحالی کے لئے جامع حکمت عملی پر عمل جاری ہے۔ انہوں نے کہا کہ ملک کو درپیش مسائل کے حل کے لئے تمام سیاسی جماعتوں کو مل بیٹھنا ہوگا اور قومی مفاد کو ترجیح دینا ہوگی۔ حکومت عوام کو ریلیف فراہم کرنے کے لئے ہر ممکن اقدامات کر رہی ہے اور معیشت کی بحالی کے لئے جامع حکمت عملی پر عمل جاری ہے۔ انہوں نے کہا کہ ملک کو درپیش مسائل کے حل کے لئے تمام سیاسی جماعتوں کو مل بیٹھنا ہوگا اور قومی مفاد کو ترجیح دینا ہوگی۔ حکومت عوام کو ریلیف فراہم کرنے کے لئے ہر ممکن اقدامات کر رہی ہے اور معیشت کی بحالی کے لئے جامع حکمت عملی پر عمل جاری ہے۔ انہوں نے کہا کہ ملک کو درپیش مسائل کے حل کے لئے تمام سیاسی جماعتوں کو مل بیٹھنا ہوگا اور قومی مفاد کو ترجیح دینا ہوگی۔ حکومت عوام کو ریلیف فراہم کرنے کے لئے ہر ممکن اقدامات کر رہی ہے اور معیشت کی بحالی کے لئے جامع حکمت عملی پر عمل جاری ہے۔ انہوں نے کہا کہ ملک کو درپیش مسائل کے حل کے لئے تمام سیاسی جماعتوں کو مل بیٹھنا ہوگا اور قومی مفاد کو ترجیح دینا ہوگی۔ حکومت عوام کو ریلیف فراہم کرنے کے لئے ہر ممکن اقدامات کر رہی ہے اور معیشت کی بحالی کے لئے جامع حکمت عملی پر عمل جاری ہے۔ انہوں نے کہا کہ ملک کو درپیش مسائل کے حل کے لئے تمام سیاسی جماعتوں کو مل بیٹھنا ہوگا اور قومی مفاد کو ترجیح دینا ہوگی۔ حکومت عوام کو ریلیف فراہم کرنے کے لئے ہر ممکن اقدامات کر رہی ہے اور معیشت کی بحالی کے لئے جامع حکمت عملی پر عمل جاری ہے۔ انہوں نے کہا کہ ملک کو درپیش مسائل کے حل کے لئے تمام سیاسی جماعتوں کو مل بیٹھنا ہوگا اور قومی مفاد کو ترجیح دینا ہوگی۔ حکومت عوام کو ریلیف فراہم کرنے کے لئے ہر ممکن اقدامات کر رہی ہے اور معیشت کی بحالی کے لئے جامع حکمت عملی پر عمل جاری ہے۔ انہوں نے کہا کہ ملک کو درپیش مسائل کے حل کے لئے تمام سیاسی جماعتوں کو مل بیٹھنا ہوگا اور قومی مفاد کو ترجیح دینا ہوگی۔ حکومت عوام کو ریلیف فراہم کرنے کے لئے ہر ممکن اقدامات کر رہی ہے اور معیشت کی بحالی کے لئے جامع حکمت عملی پر عمل جاری ہے۔ انہوں نے کہا کہ ملک کو درپیش مسائل کے حل کے لئے تمام سیاسی جماعتوں کو مل بیٹھنا ہوگا اور قومی مفاد کو ترجیح دینا ہوگی۔ حکومت عوام کو ریلیف فراہم کرنے کے لئے ہر ممکن اقدامات کر رہی ہے اور معیشت کی بحالی کے لئے جامع حکمت عملی پر عمل جاری ہے۔
42	بقیہ
کے دوران پولیس نے کارروائی کرتے ہوئے متعدد ملزمان کو گرفتار کر لیا۔
43	بقیہ
ہو گئی۔ ذرائع کے مطابق معاملے کی تحقیقات کی جا رہی ہیں۔
44	بقیہ
کے حوالے سے اجلاس منعقد ہوا جس میں اہم امور پر غور کیا گیا۔
45	بقیہ
گیا۔ انہوں نے کہا کہ قانون سب کے لئے برابر ہے۔
46	بقیہ
کا کہنا تھا کہ مسائل کے حل کے لئے مذاکرات ضروری ہیں۔
47	بقیہ
کی جانب سے وضاحت جاری کی گئی۔
48	بقیہ
کیا گیا ہے۔ حکام نے بتایا کہ کام تیزی سے جاری ہے۔
49	بقیہ
کی گئی۔ تقریب میں بڑی تعداد میں لوگوں نے شرکت کی۔
50	بقیہ
کے لئے اقدامات کیے جا رہے ہیں۔
انہوں نے کہا کہ ملک کو درپیش مسائل کے حل کے لئے تمام سیاسی جماعتوں کو مل بیٹھنا ہوگا اور قومی مفاد کو ترجیح دینا ہوگی۔ حکومت عوام کو ریلیف فراہم کرنے کے لئے ہر ممکن اقدامات کر رہی ہے اور معیشت کی بحالی کے لئے جامع حکمت عملی پر عمل جاری ہے۔ انہوں نے کہا کہ ملک کو درپیش مسائل کے حل کے لئے تمام سیاسی جماعتوں کو مل بیٹھنا ہوگا اور قومی مفاد کو ترجیح دینا ہوگی۔ حکومت عوام کو ریلیف فراہم کرنے کے لئے ہر ممکن اقدامات کر رہی ہے اور معیشت کی بحالی کے لئے جامع حکمت عملی پر عمل جاری ہے۔ انہوں نے کہا کہ ملک کو درپیش مسائل کے حل کے لئے تمام سیاسی جماعتوں کو مل بیٹھنا ہوگا اور قومی مفاد کو ترجیح دینا ہوگی۔ حکومت عوام کو ریلیف فراہم کرنے کے لئے ہر ممکن اقدامات کر رہی ہے اور معیشت کی بحالی کے لئے جامع حکمت عملی پر عمل جاری ہے۔ انہوں نے کہا کہ ملک کو درپیش مسائل کے حل کے لئے تمام سیاسی جماعتوں کو مل بیٹھنا ہوگا اور قومی مفاد کو ترجیح دینا ہوگی۔ حکومت عوام کو ریلیف فراہم کرنے کے لئے ہر ممکن اقدامات کر رہی ہے اور معیشت کی بحالی کے لئے جامع حکمت عملی پر عمل جاری ہے۔ انہوں نے کہا کہ ملک کو درپیش مسائل کے حل کے لئے تمام سیاسی جماعتوں کو مل بیٹھنا ہوگا اور قومی مفاد کو ترجیح دینا ہوگی۔ حکومت عوام کو ریلیف فراہم کرنے کے لئے ہر ممکن اقدامات کر رہی ہے اور معیشت کی بحالی کے لئے جامع حکمت عملی پر عمل جاری ہے۔ انہوں نے کہا کہ ملک کو درپیش مسائل کے حل کے لئے تمام سیاسی جماعتوں کو مل بیٹھنا ہوگا اور قومی مفاد کو ترجیح دینا ہوگی۔ حکومت عوام کو ریلیف فراہم کرنے کے لئے ہر ممکن اقدامات کر رہی ہے اور معیشت کی بحالی کے لئے جامع حکمت عملی پر عمل جاری ہے۔ انہوں نے کہا کہ ملک کو درپیش مسائل کے حل کے لئے تمام سیاسی جماعتوں کو مل بیٹھنا ہوگا اور قومی مفاد کو ترجیح دینا ہوگی۔ حکومت عوام کو ریلیف فراہم کرنے کے لئے ہر ممکن اقدامات کر رہی ہے اور معیشت کی بحالی کے لئے جامع حکمت عملی پر عمل جاری ہے۔ انہوں نے کہا کہ ملک کو درپیش مسائل کے حل کے لئے تمام سیاسی جماعتوں کو مل بیٹھنا ہوگا اور قومی مفاد کو ترجیح دینا ہوگی۔ حکومت عوام کو ریلیف فراہم کرنے کے لئے ہر ممکن اقدامات کر رہی ہے اور معیشت کی بحالی کے لئے جامع حکمت عملی پر عمل جاری ہے۔ انہوں نے کہا کہ ملک کو درپیش مسائل کے حل کے لئے تمام سیاسی جماعتوں کو مل بیٹھنا ہوگا اور قومی مفاد کو ترجیح دینا ہوگی۔ حکومت عوام کو ریلیف فراہم کرنے کے لئے ہر ممکن اقدامات کر رہی ہے اور معیشت کی بحالی کے لئے جامع حکمت عملی پر عمل جاری ہے۔ انہوں نے کہا کہ ملک کو درپیش مسائل کے حل کے لئے تمام سیاسی جماعتوں کو مل بیٹھنا ہوگا اور قومی مفاد کو ترجیح دینا ہوگی۔ حکومت عوام کو ریلیف فراہم کرنے کے لئے ہر ممکن اقدامات کر رہی ہے اور معیشت کی بحالی کے لئے جامع حکمت عملی پر عمل جاری ہے۔ انہوں نے کہا کہ ملک کو درپیش مسائل کے حل کے لئے تمام سیاسی جماعتوں کو مل بیٹھنا ہوگا اور قومی مفاد کو ترجیح دینا ہوگی۔ حکومت عوام کو ریلیف فراہم کرنے کے لئے ہر ممکن اقدامات کر رہی ہے اور معیشت کی بحالی کے لئے جامع حکمت عملی پر عمل جاری ہے۔ انہوں نے کہا کہ ملک کو درپیش مسائل کے حل کے لئے تمام سیاسی جماعتوں کو مل بیٹھنا ہوگا اور قومی مفاد کو ترجیح دینا ہوگی۔ حکومت عوام کو ریلیف فراہم کرنے کے لئے ہر ممکن اقدامات کر رہی ہے اور معیشت کی بحالی کے لئے جامع حکمت عملی پر عمل جاری ہے۔ انہوں نے کہا کہ ملک کو درپیش مسائل کے حل کے لئے تمام سیاسی جماعتوں کو مل بیٹھنا ہوگا اور قومی مفاد کو ترجیح دینا ہوگی۔ حکومت عوام کو ریلیف فراہم کرنے کے لئے ہر ممکن اقدامات کر رہی ہے اور معیشت کی بحالی کے لئے جامع حکمت عملی پر عمل جاری ہے۔ انہوں نے کہا کہ ملک کو درپیش مسائل کے حل کے لئے تمام سیاسی جماعتوں کو مل بیٹھنا ہوگا اور قومی مفاد کو ترجیح دینا ہوگی۔ حکومت عوام کو ریلیف فراہم کرنے کے لئے ہر ممکن اقدامات کر رہی ہے اور معیشت کی بحالی کے لئے جامع حکمت عملی پر عمل جاری ہے۔ انہوں نے کہا کہ ملک کو درپیش مسائل کے حل کے لئے تمام سیاسی جماعتوں کو مل بیٹھنا ہوگا اور قومی مفاد کو ترجیح دینا ہوگی۔ حکومت عوام کو ریلیف فراہم کرنے کے لئے ہر ممکن اقدامات کر رہی ہے اور معیشت کی بحالی کے لئے جامع حکمت عملی پر عمل جاری ہے۔ انہوں نے کہا کہ ملک کو درپیش مسائل کے حل کے لئے تمام سیاسی جماعتوں کو مل بیٹھنا ہوگا اور قومی مفاد کو ترجیح دینا ہوگی۔ حکومت عوام کو ریلیف فراہم کرنے کے لئے ہر ممکن اقدامات کر رہی ہے اور معیشت کی بحالی کے لئے جامع حکمت عملی پر عمل جاری ہے۔ انہوں نے کہا کہ ملک کو درپیش مسائل کے حل کے لئے تمام سیاسی جماعتوں کو مل بیٹھنا ہوگا اور قومی مفاد کو ترجیح دینا ہوگی۔ حکومت عوام کو ریلیف فراہم کرنے کے لئے ہر ممکن اقدامات کر رہی ہے اور معیشت کی بحالی کے لئے جامع حکمت عملی پر عمل جاری ہے۔ انہوں نے کہا کہ ملک کو درپیش مسائل کے حل کے لئے تمام سیاسی جماعتوں کو مل بیٹھنا ہوگا اور قومی مفاد کو ترجیح دینا ہوگی۔ حکومت عوام کو ریلیف فراہم کرنے کے لئے ہر ممکن اقدامات کر رہی ہے اور معیشت کی بحالی کے لئے جامع حکمت عملی پر عمل جاری ہے۔ انہوں نے کہا کہ ملک کو درپیش مسائل کے حل کے لئے تمام سیاسی جماعتوں کو مل بیٹھنا ہوگا اور قومی مفاد کو ترجیح دینا ہوگی۔ حکومت عوام کو ریلیف فراہم کرنے کے لئے ہر ممکن اقدامات کر رہی ہے اور معیشت کی بحالی کے لئے جامع حکمت عملی پر عمل جاری ہے۔ انہوں نے کہا کہ ملک کو درپیش مسائل کے حل کے لئے تمام سیاسی جماعتوں کو مل بیٹھنا ہوگا اور قومی مفاد کو ترجیح دینا ہوگی۔ حکومت عوام کو ریلیف فراہم کرنے کے لئے ہر ممکن اقدامات کر رہی ہے اور معیشت کی بحالی کے لئے جامع حکمت عملی پر عمل جاری ہے۔ انہوں نے کہا کہ ملک کو درپیش مسائل کے حل کے لئے تمام سیاسی جماعتوں کو مل بیٹھنا ہوگا اور قومی مفاد کو ترجیح دینا ہوگی۔ حکومت عوام کو ریلیف فراہم کرنے کے لئے ہر ممکن اقدامات کر رہی ہے اور معیشت کی بحالی کے لئے جامع حکمت عملی پر عمل جاری ہے۔ انہوں نے کہا کہ ملک کو درپیش مسائل کے حل کے لئے تمام سیاسی جماعتوں کو مل بیٹھنا ہوگا اور قومی مفاد کو ترجیح دینا ہوگی۔ حکومت عوام کو ریلیف فراہم کرنے کے لئے ہر ممکن اقدامات کر رہی ہے اور معیشت کی بحالی کے لئے جامع حکمت عملی پر عمل جاری ہے۔ انہوں نے کہا کہ ملک کو درپیش مسائل کے حل کے لئے تمام سیاسی جماعتوں کو مل بیٹھنا ہوگا اور قومی مفاد کو ترجیح دینا ہوگی۔ حکومت عوام کو ریلیف فراہم کرنے کے لئے ہر ممکن اقدامات کر رہی ہے اور معیشت کی بحالی کے لئے جامع حکمت عملی پر عمل جاری ہے۔ انہوں نے کہا کہ ملک کو درپیش مسائل کے حل کے لئے تمام سیاسی جماعتوں کو مل بیٹھنا ہوگا اور قومی مفاد کو ترجیح دینا ہوگی۔ حکومت عوام کو ریلیف فراہم کرنے کے لئے ہر ممکن اقدامات کر رہی ہے اور معیشت کی بحالی کے لئے جامع حکمت عملی پر عمل جاری ہے۔ انہوں نے کہا کہ ملک کو درپیش مسائل کے حل کے لئے تمام سیاسی جماعتوں کو مل بیٹھنا ہوگا اور قومی مفاد کو ترجیح دینا ہوگی۔ حکومت عوام کو ریلیف فراہم کرنے کے لئے ہر ممکن اقدامات کر رہی ہے اور معیشت کی بحالی کے لئے جامع حکمت عملی پر عمل جاری ہے۔ انہوں نے کہا کہ ملک کو درپیش مسائل کے حل کے لئے تمام سیاسی جماعتوں کو مل بیٹھنا ہوگا اور قومی مفاد کو ترجیح دینا ہوگی۔ حکومت عوام کو ریلیف فراہم کرنے کے لئے ہر ممکن اقدامات کر رہی ہے اور معیشت کی بحالی کے لئے جامع حکمت عملی پر عمل جاری ہے۔ انہوں نے کہا کہ ملک کو درپیش مسائل کے حل کے لئے تمام سیاسی جماعتوں کو مل بیٹھنا ہوگا اور قومی مفاد کو ترجیح دینا ہوگی۔ حکومت عوام کو ریلیف فراہم کرنے کے لئے ہر ممکن اقدامات کر رہی ہے اور معیشت کی بحالی کے لئے جامع حکمت عملی پر عمل جاری ہے۔ انہوں نے کہا کہ ملک کو درپیش مسائل کے حل کے لئے تمام سیاسی جماعتوں کو مل بیٹھنا ہوگا اور قومی مفاد کو ترجیح دینا ہوگی۔ حکومت عوام کو ریلیف فراہم کرنے کے لئے ہر ممکن اقدامات کر رہی ہے اور معیشت کی بحالی کے لئے جامع حکمت عملی پر عمل جاری ہے۔ انہوں نے کہا کہ ملک کو درپیش مسائل کے حل کے لئے تمام سیاسی جماعتوں کو مل بیٹھنا ہوگا اور قومی مفاد کو ترجیح دینا ہوگی۔ حکومت عوام کو ریلیف فراہم کرنے کے لئے ہر ممکن اقدامات کر رہی ہے اور معیشت کی بحالی کے لئے جامع حکمت عملی پر عمل جاری ہے۔ انہوں نے کہا کہ ملک کو درپیش مسائل کے حل کے لئے تمام سیاسی جماعتوں کو مل بیٹھنا ہوگا اور قومی مفاد کو ترجیح دینا ہوگی۔ حکومت عوام کو ریلیف فراہم کرنے کے لئے ہر ممکن اقدامات کر رہی ہے اور معیشت کی بحالی کے لئے جامع حکمت عملی پر عمل جاری ہے۔ انہوں نے کہا کہ ملک کو درپیش مسائل کے حل کے لئے تمام سیاسی جماعتوں کو مل بیٹھنا ہوگا اور قومی مفاد کو ترجیح دینا ہوگی۔ حکومت عوام کو ریلیف فراہم کرنے کے لئے ہر ممکن اقدامات کر رہی ہے اور معیشت کی بحالی کے لئے جامع حکمت عملی پر عمل جاری ہے۔ انہوں نے کہا کہ ملک کو درپیش مسائل کے حل کے لئے تمام سیاسی جماعتوں کو مل بیٹھنا ہوگا اور قومی مفاد کو ترجیح دینا ہوگی۔ حکومت عوام کو ریلیف فراہم کرنے کے لئے ہر ممکن اقدامات کر رہی ہے اور معیشت کی بحالی کے لئے جامع حکمت عملی پر عمل جاری ہے۔ انہوں نے کہا کہ ملک کو درپیش مسائل کے حل کے لئے تمام سیاسی جماعتوں کو مل بیٹھنا ہوگا اور قومی مفاد کو ترجیح دینا ہوگی۔ حکومت عوام کو ریلیف فراہم کرنے کے لئے ہر ممکن اقدامات کر رہی ہے اور معیشت کی بحالی کے لئے جامع حکمت عملی پر عمل جاری ہے۔ انہوں نے کہا کہ ملک کو درپیش مسائل کے حل کے لئے تمام سیاسی جماعتوں کو مل بیٹھنا ہوگا اور قومی مفاد کو ترجیح دینا ہوگی۔ حکومت عوام کو ریلیف فراہم کرنے کے لئے ہر ممکن اقدامات کر رہی ہے اور معیشت کی بحالی کے لئے جامع حکمت عملی پر عمل جاری ہے۔ انہوں نے کہا کہ ملک کو درپیش مسائل کے حل کے لئے تمام سیاسی جماعتوں کو مل بیٹھنا ہوگا اور قومی مفاد کو ترجیح دینا ہوگی۔ حکومت عوام کو ریلیف فراہم کرنے کے لئے ہر ممکن اقدامات کر رہی ہے اور معیشت کی بحالی کے لئے جامع حکمت عملی پر عمل جاری ہے۔ انہوں نے کہا کہ ملک کو درپیش مسائل کے حل کے لئے تمام سیاسی جماعتوں کو مل بیٹھنا ہوگا اور قومی مفاد کو ترجیح دینا ہوگی۔ حکومت عوام کو ریلیف فراہم کرنے کے لئے ہر ممکن اقدامات کر رہی ہے اور معیشت کی بحالی کے لئے جامع حکمت عملی پر عمل جاری ہے۔ انہوں نے کہا کہ ملک کو درپیش مسائل کے حل کے لئے تمام سیاسی جماعتوں کو مل بیٹھنا ہوگا اور قومی مفاد کو ترجیح دینا ہوگی۔ حکومت عوام کو ریلیف فراہم کرنے کے لئے ہر ممکن اقدامات کر رہی ہے اور معیشت کی بحالی کے لئے جامع حکمت عملی پر عمل جاری ہے۔ انہوں نے کہا کہ ملک کو درپیش مسائل کے حل کے لئے تمام سیاسی جماعتوں کو مل بیٹھنا ہوگا اور قومی مفاد کو ترجیح دینا ہوگی۔ حکومت عوام کو ریلیف فراہم کرنے کے لئے ہر ممکن اقدامات کر رہی ہے اور معیشت کی بحالی کے لئے جامع حکمت عملی پر عمل جاری ہے۔ انہوں نے کہا کہ ملک کو درپیش مسائل کے حل کے لئے تمام سیاسی جماعتوں کو مل بیٹھنا ہوگا اور قومی مفاد کو ترجیح دینا ہوگی۔ حکومت عوام کو ریلیف فراہم کرنے کے لئے ہر ممکن اقدامات کر رہی
51	بقیہ
میں شرکت کی۔ انہوں نے کہا کہ پاکستان ترقی کی راہ پر گامزن ہے۔
52	بقیہ
کا افتتاح کیا گیا۔ منصوبے سے علاقے کے عوام مستفید ہوں گے۔
53	بقیہ
کی سماعت ہوئی۔ عدالت نے فیصلہ محفوظ کر لیا۔
54	بقیہ
گیا۔ انہوں نے کہا کہ انتخابات بروقت ہوں گے۔
55	بقیہ
کیا گیا۔ اجلاس میں مختلف تجاویز پر غور ہوا۔
56	بقیہ
کی ہدایت کی گئی۔ حکام کو فوری اقدامات کرنے کا کہا گیا۔
57	بقیہ
ہو گیا۔ واقعے کے بعد علاقے میں سکیورٹی سخت کر دی گئی۔
58	بقیہ
کیا۔ انہوں نے کہا کہ عوام کا اعتماد ہماری طاقت ہے۔
59	بقیہ
کی جانب سے بیان جاری کیا گیا۔
60	بقیہ
کے حوالے سے بتایا گیا کہ تمام تیاریاں مکمل ہیں۔
انہوں نے کہا کہ ملک کو درپیش مسائل کے حل کے لئے تمام سیاسی جماعتوں کو مل بیٹھنا ہوگا اور قومی مفاد کو ترجیح دینا ہوگی۔ حکومت عوام کو ریلیف فراہم کرنے کے لئے ہر ممکن اقدامات کر رہی ہے اور معیشت کی بحالی کے لئے جامع حکمت عملی پر عمل جاری ہے۔ انہوں نے کہا کہ ملک کو درپیش مسائل کے حل کے لئے تمام سیاسی جماعتوں کو مل بیٹھنا ہوگا اور قومی مفاد کو ترجیح دینا ہوگی۔ حکومت عوام کو ریلیف فراہم کرنے کے لئے ہر ممکن اقدامات کر رہی ہے اور معیشت کی بحالی کے لئے جامع حکمت عملی پر عمل جاری ہے۔ انہوں نے کہا کہ ملک کو درپیش مسائل کے حل کے لئے تمام سیاسی جماعتوں کو مل بیٹھنا ہوگا اور قومی مفاد کو ترجیح دینا ہوگی۔ حکومت عوام کو ریلیف فراہم کرنے کے لئے ہر ممکن اقدامات کر رہی ہے اور معیشت کی بحالی کے لئے جامع حکمت عملی پر عمل جاری ہے۔ انہوں نے کہا کہ ملک کو درپیش مسائل کے حل کے لئے تمام سیاسی جماعتوں کو مل بیٹھنا ہوگا اور قومی مفاد کو ترجیح دینا ہوگی۔ حکومت عوام کو ریلیف فراہم کرنے کے لئے ہر ممکن اقدامات کر رہی ہے اور معیشت کی بحالی کے لئے جامع حکمت عملی پر عمل جاری ہے۔ انہوں نے کہا کہ ملک کو درپیش مسائل کے حل کے لئے تمام سیاسی جماعتوں کو مل بیٹھنا ہوگا اور قومی مفاد کو ترجیح دینا ہوگی۔ حکومت عوام کو ریلیف فراہم کرنے کے لئے ہر ممکن اقدامات کر رہی ہے اور معیشت کی بحالی کے لئے جامع حکمت عملی پر عمل جاری ہے۔ انہوں نے کہا کہ ملک کو درپیش مسائل کے حل کے لئے تمام سیاسی جماعتوں کو مل بیٹھنا ہوگا اور قومی مفاد کو ترجیح دینا ہوگی۔ حکومت عوام کو ریلیف فراہم کرنے کے لئے ہر ممکن اقدامات کر رہی ہے اور معیشت کی بحالی کے لئے جامع حکمت عملی پر عمل جاری ہے۔ انہوں نے کہا کہ ملک کو درپیش مسائل کے حل کے لئے تمام سیاسی جماعتوں کو مل بیٹھنا ہوگا اور قومی مفاد کو ترجیح دینا ہوگی۔ حکومت عوام کو ریلیف فراہم کرنے کے لئے ہر ممکن اقدامات کر رہی ہے اور معیشت کی بحالی کے لئے جامع حکمت عملی پر عمل جاری ہے۔ انہوں نے کہا کہ ملک کو درپیش مسائل کے حل کے لئے تمام سیاسی جماعتوں کو مل بیٹھنا ہوگا اور قومی مفاد کو ترجیح دینا ہوگی۔ حکومت عوام کو ریلیف فراہم کرنے کے لئے ہر ممکن اقدامات کر رہی ہے اور معیشت کی بحالی کے لئے جامع حکمت عملی پر عمل جاری ہے۔ انہوں نے کہا کہ ملک کو درپیش مسائل کے حل کے لئے تمام سیاسی جماعتوں کو مل بیٹھنا ہوگا اور قومی مفاد کو ترجیح دینا ہوگی۔ حکومت عوام کو ریلیف فراہم کرنے کے لئے ہر ممکن اقدامات کر رہی ہے اور معیشت کی بحالی کے لئے جامع حکمت عملی پر عمل جاری ہے۔ انہوں نے کہا کہ ملک کو درپیش مسائل کے حل کے لئے تمام سیاسی جماعتوں کو مل بیٹھنا ہوگا اور قومی مفاد کو ترجیح دینا ہوگی۔ حکومت عوام کو ریلیف فراہم کرنے کے لئے ہر ممکن اقدامات کر رہی ہے اور معیشت کی بحالی کے لئے جامع حکمت عملی پر عمل جاری ہے۔ انہوں نے کہا کہ ملک کو درپیش مسائل کے حل کے لئے تمام سیاسی جماعتوں کو مل بیٹھنا ہوگا اور قومی مفاد کو ترجیح دینا ہوگی۔ حکومت عوام کو ریلیف فراہم کرنے کے لئے ہر ممکن اقدامات کر رہی ہے اور معیشت کی بحالی کے لئے جامع حکمت عملی پر عمل جاری ہے۔ انہوں نے کہا کہ ملک کو درپیش مسائل کے حل کے لئے تمام سیاسی جماعتوں کو مل بیٹھنا ہوگا اور قومی مفاد کو ترجیح دینا ہوگی۔ حکومت عوام کو ریلیف فراہم کرنے کے لئے ہر ممکن اقدامات کر رہی ہے اور معیشت کی بحالی کے لئے جامع حکمت عملی پر عمل جاری ہے۔ انہوں نے کہا کہ ملک کو درپیش مسائل کے حل کے لئے تمام سیاسی جماعتوں کو مل بیٹھنا ہوگا اور قومی مفاد کو ترجیح دینا ہوگی۔ حکومت عوام کو ریلیف فراہم کرنے کے لئے ہر ممکن اقدامات کر رہی ہے اور معیشت کی بحالی کے لئے جامع حکمت عملی پر عمل جاری ہے۔ انہوں نے کہا کہ ملک کو درپیش مسائل کے حل کے لئے تمام سیاسی جماعتوں کو مل بیٹھنا ہوگا اور قومی مفاد کو ترجیح دینا ہوگی۔ حکومت عوام کو ریلیف فراہم کرنے کے لئے ہر ممکن اقدامات کر رہی ہے اور معیشت کی بحالی کے لئے جامع حکمت عملی پر عمل جاری ہے۔ انہوں نے کہا کہ ملک کو درپیش مسائل کے حل کے لئے تمام سیاسی جماعتوں کو مل بیٹھنا ہوگا اور قومی مفاد کو ترجیح دینا ہوگی۔ حکومت عوام کو ریلیف فراہم کرنے کے لئے ہر ممکن اقدامات کر رہی ہے اور معیشت کی بحالی کے لئے جامع حکمت عملی پر عمل جاری ہے۔ انہوں نے کہا کہ ملک کو درپیش مسائل کے حل کے لئے تمام سیاسی جماعتوں کو مل بیٹھنا ہوگا اور قومی مفاد کو ترجیح دینا ہوگی۔ حکومت عوام کو ریلیف فراہم کرنے کے لئے ہر ممکن اقدامات کر رہی ہے اور معیشت کی بحالی کے لئے جامع حکمت عملی پر عمل جاری ہے۔ انہوں نے کہا کہ ملک کو درپیش مسائل کے حل کے لئے تمام سیاسی جماعتوں کو مل بیٹھنا ہوگا اور قومی مفاد کو ترجیح دینا ہوگی۔ حکومت عوام کو ریلیف فراہم کرنے کے لئے ہر ممکن اقدامات کر رہی ہے اور معیشت کی بحالی کے لئے جامع حکمت عملی پر عمل جاری ہے۔ انہوں نے کہا کہ ملک کو درپیش مسائل کے حل کے لئے تمام سیاسی جماعتوں کو مل بیٹھنا ہوگا اور قومی مفاد کو ترجیح دینا ہوگی۔ حکومت عوام کو ریلیف فراہم کرنے کے لئے ہر ممکن اقدامات کر رہی ہے اور معیشت کی بحالی کے لئے جامع حکمت عملی پر عمل جاری ہے۔ انہوں نے کہا کہ ملک کو درپیش مسائل کے حل کے لئے تمام سیاسی جماعتوں کو مل بیٹھنا ہوگا اور قومی مفاد کو ترجیح دینا ہوگی۔ حکومت عوام کو ریلیف فراہم کرنے کے لئے ہر ممکن اقدامات کر رہی ہے اور معیشت کی بحالی کے لئے جامع حکمت عملی پر عمل جاری ہے۔ انہوں نے کہا کہ ملک کو درپیش مسائل کے حل کے لئے تمام سیاسی جماعتوں کو مل بیٹھنا ہوگا اور قومی مفاد کو ترجیح دینا ہوگی۔ حکومت عوام کو ریلیف فراہم کرنے کے لئے ہر ممکن اقدامات کر رہی ہے اور معیشت کی بحالی کے لئے جامع حکمت عملی پر عمل جاری ہے۔ انہوں نے کہا کہ ملک کو درپیش مسائل کے حل کے لئے تمام سیاسی جماعتوں کو مل بیٹھنا ہوگا اور قومی مفاد کو ترجیح دینا ہوگی۔ حکومت عوام کو ریلیف فراہم کرنے کے لئے ہر ممکن اقدامات کر رہی ہے اور معیشت کی بحالی کے لئے جامع حکمت عملی پر عمل جاری ہے۔ انہوں نے کہا کہ ملک کو درپیش مسائل کے حل کے لئے تمام سیاسی جماعتوں کو مل بیٹھنا ہوگا اور قومی مفاد کو ترجیح دینا ہوگی۔ حکومت عوام کو ریلیف فراہم کرنے کے لئے ہر ممکن اقدامات کر رہی ہے اور معیشت کی بحالی کے لئے جامع حکمت عملی پر عمل جاری ہے۔ انہوں نے کہا کہ ملک کو درپیش مسائل کے حل کے لئے تمام سیاسی جماعتوں کو مل بیٹھنا ہوگا اور قومی مفاد کو ترجیح دینا ہوگی۔ حکومت عوام کو ریلیف فراہم کرنے کے لئے ہر ممکن اقدامات کر رہی ہے اور معیشت کی بحالی کے لئے جامع حکمت عملی پر عمل جاری ہے۔ انہوں نے کہا کہ ملک کو درپیش مسائل کے حل کے لئے تمام سیاسی جماعتوں کو مل بیٹھنا ہوگا اور قومی مفاد کو ترجیح دینا ہوگی۔ حکومت عوام کو ریلیف فراہم کرنے کے لئے ہر ممکن اقدامات کر رہی ہے اور معیشت کی بحالی کے لئے جامع حکمت عملی پر عمل جاری ہے۔ انہوں نے کہا کہ ملک کو درپیش مسائل کے حل کے لئے تمام سیاسی جماعتوں کو مل بیٹھنا ہوگا اور قومی مفاد کو ترجیح دینا ہوگی۔ حکومت عوام کو ریلیف فراہم کرنے کے لئے ہر ممکن اقدامات کر رہی ہے اور معیشت کی بحالی کے لئے جامع حکمت عملی پر عمل جاری ہے۔ انہوں نے کہا کہ ملک کو درپیش مسائل کے حل کے لئے تمام سیاسی جماعتوں کو مل بیٹھنا ہوگا اور قومی مفاد کو ترجیح دینا ہوگی۔ حکومت عوام کو ریلیف فراہم کرنے کے لئے ہر ممکن اقدامات کر رہی ہے اور معیشت کی بحالی کے لئے جامع حکمت عملی پر عمل جاری ہے۔ انہوں نے کہا کہ ملک کو درپیش مسائل کے حل کے لئے تمام سیاسی جماعتوں کو مل بیٹھنا ہوگا اور قومی مفاد کو ترجیح دینا ہوگی۔ حکومت عوام کو ریلیف فراہم کرنے کے لئے ہر ممکن اقدامات کر رہی ہے اور معیشت کی بحالی کے لئے جامع حکمت عملی پر عمل جاری ہے۔ انہوں نے کہا کہ ملک کو درپیش مسائل کے حل کے لئے تمام سیاسی جماعتوں کو مل بیٹھنا ہوگا اور قومی مفاد کو ترجیح دینا ہوگی۔ حکومت عوام کو ریلیف فراہم کرنے کے لئے ہر ممکن اقدامات کر رہی ہے اور معیشت کی بحالی کے لئے جامع حکمت عملی پر عمل جاری ہے۔ انہوں نے کہا کہ ملک کو درپیش مسائل کے حل کے لئے تمام سیاسی جماعتوں کو مل بیٹھنا ہوگا اور قومی مفاد کو ترجیح دینا ہوگی۔ حکومت عوام کو ریلیف فراہم کرنے کے لئے ہر ممکن اقدامات کر رہی ہے اور معیشت کی بحالی کے لئے جامع حکمت عملی پر عمل جاری ہے۔ انہوں نے کہا کہ ملک کو درپیش مسائل کے حل کے لئے تمام سیاسی جماعتوں کو مل بیٹھنا ہوگا اور قومی مفاد کو ترجیح دینا ہوگی۔ حکومت عوام کو ریلیف فراہم کرنے کے لئے ہر ممکن اقدامات کر رہی ہے اور معیشت کی بحالی کے لئے جامع حکمت عملی پر عمل جاری ہے۔ انہوں نے کہا کہ ملک کو درپیش مسائل کے حل کے لئے تمام سیاسی جماعتوں کو مل بیٹھنا ہوگا اور قومی مفاد کو ترجیح دینا ہوگی۔ حکومت عوام کو ریلیف فراہم کرنے کے لئے ہر ممکن اقدامات کر رہی ہے اور معیشت کی بحالی کے لئے جامع حکمت عملی پر عمل جاری ہے۔ انہوں نے کہا کہ ملک کو درپیش مسائل کے حل کے لئے تمام سیاسی جماعتوں کو مل بیٹھنا ہوگا اور قومی مفاد کو ترجیح دینا ہوگی۔ حکومت عوام کو ریلیف فراہم کرنے کے لئے ہر ممکن اقدامات کر رہی ہے اور معیشت کی بحالی کے لئے جامع حکمت عملی پر عمل جاری ہے۔ انہوں نے کہا کہ ملک کو درپیش مسائل کے حل کے لئے تمام سیاسی جماعتوں کو مل بیٹھنا ہوگا اور قومی مفاد کو ترجیح دینا ہوگی۔ حکومت عوام کو ریلیف فراہم کرنے کے لئے ہر ممکن اقدامات کر رہی ہے اور معیشت کی بحالی کے لئے جامع حکمت عملی پر عمل جاری ہے۔ انہوں نے کہا کہ ملک کو درپیش مسائل کے حل کے لئے تمام سیاسی جماعتوں کو مل بیٹھنا ہوگا اور قومی مفاد کو ترجیح دینا ہوگی۔ حکومت عوام کو ریلیف فراہم کرنے کے لئے ہر ممکن اقدامات کر رہی ہے اور معیشت کی بحالی کے لئے جامع حکمت عملی پر عمل جاری ہے۔ انہوں نے کہا کہ ملک کو درپیش مسائل کے حل کے لئے تمام سیاسی جماعتوں کو مل بیٹھنا ہوگا اور قومی مفاد کو ترجیح دینا ہوگی۔ حکومت عوام کو ریلیف فراہم کرنے کے لئے ہر ممکن اقدامات کر رہی ہے اور معیشت کی بحالی کے لئے جامع حکمت عملی پر عمل جاری ہے۔ انہوں نے کہا کہ ملک کو درپیش مسائل کے حل کے لئے تمام سیاسی جماعتوں کو مل بیٹھنا ہوگا اور قومی مفاد کو ترجیح دینا ہوگی۔ حکومت عوام کو ریلیف فراہم کرنے کے لئے ہر ممکن اقدامات کر رہی ہے اور معیشت کی بحالی کے لئے جامع حکمت عملی پر عمل جاری ہے۔ انہوں نے کہا کہ ملک کو درپیش مسائل کے حل کے لئے تمام سیاسی جماعتوں کو مل بیٹھنا ہوگا اور قومی مفاد کو ترجیح دینا ہوگی۔ حکومت عوام کو ریلیف فراہم کرنے کے لئے ہر ممکن اقدامات کر رہی ہے اور معیشت کی بحالی کے لئے جامع حکمت عملی پر عمل جاری ہے۔ انہوں نے کہا کہ ملک کو درپیش مسائل کے حل کے لئے تمام سیاسی جماعتوں کو مل بیٹھنا ہوگا اور قومی مفاد کو ترجیح دینا ہوگی۔ حکومت عوام کو ریلیف فراہم کرنے کے لئے ہر ممکن اقدامات کر رہی ہے اور معیشت کی بحالی کے لئے جامع حکمت عملی پر عمل جاری ہے۔ انہوں نے کہا کہ ملک کو
